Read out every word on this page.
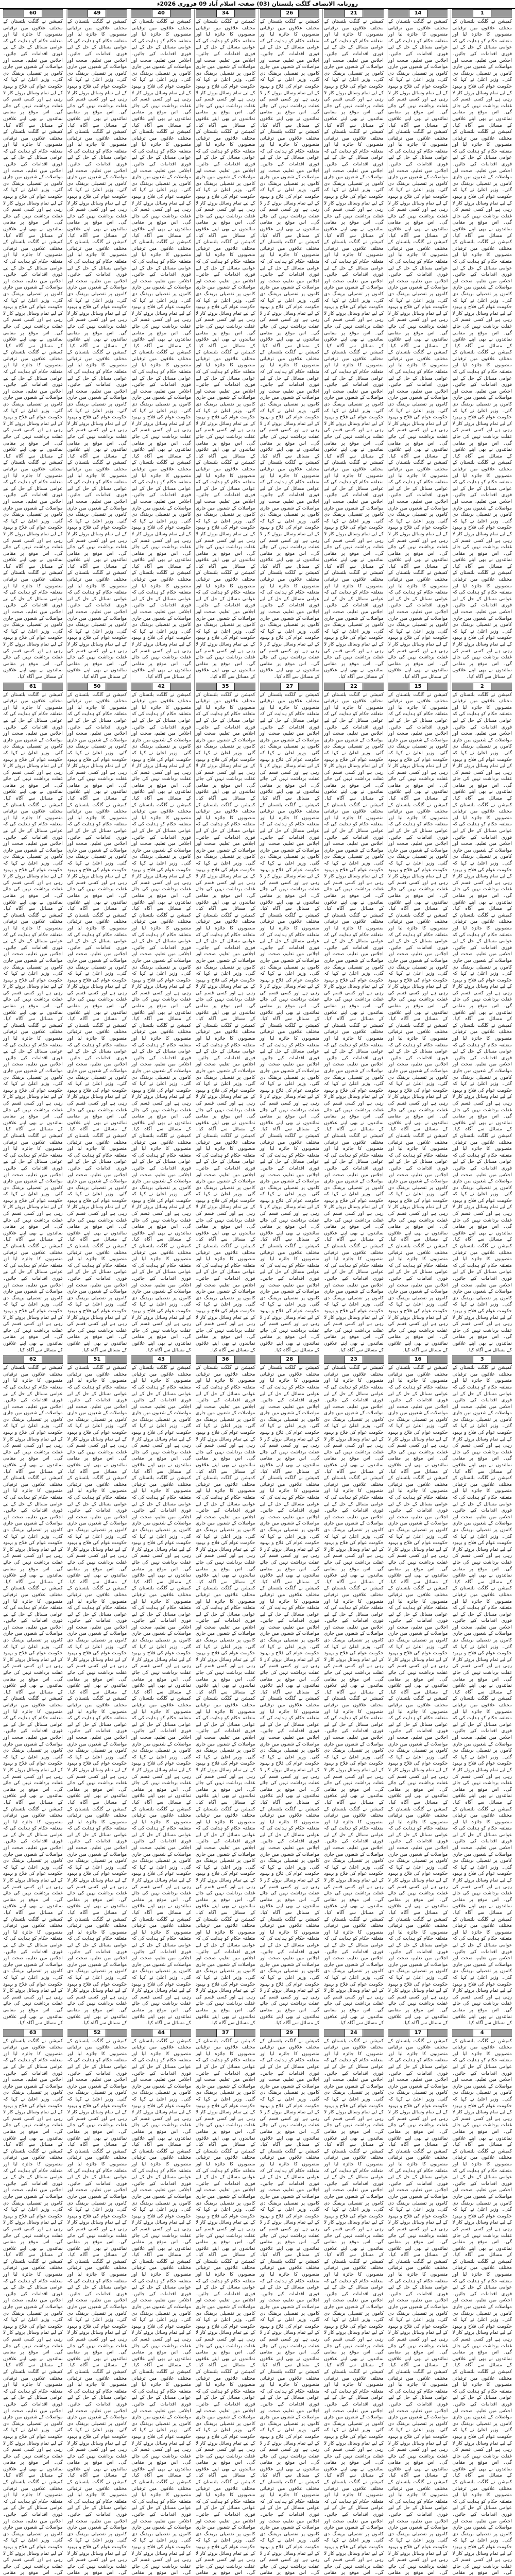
روزنامہ الانصاف گلگت بلتستان (03) صفحہ اسلام آباد 09 فروری 2026ء
1
کمیشن نے گلگت بلتستان کے مختلف علاقوں میں ترقیاتی منصوبوں کا جائزہ لیا اور متعلقہ حکام کو ہدایت کی کہ عوامی مسائل کے حل کے لیے فوری اقدامات کیے جائیں۔ اجلاس میں تعلیم، صحت اور مواصلات کے شعبوں میں جاری کاموں پر تفصیلی بریفنگ دی گئی۔ وزیر اعلیٰ نے کہا کہ حکومت عوام کی فلاح و بہبود کے لیے تمام وسائل بروئے کار لا رہی ہے اور کسی قسم کی غفلت برداشت نہیں کی جائے گی۔ اس موقع پر مقامی نمائندوں نے بھی اپنے علاقوں کے مسائل سے آگاہ کیا۔ کمیشن نے گلگت بلتستان کے مختلف علاقوں میں ترقیاتی منصوبوں کا جائزہ لیا اور متعلقہ حکام کو ہدایت کی کہ عوامی مسائل کے حل کے لیے فوری اقدامات کیے جائیں۔ اجلاس میں تعلیم، صحت اور مواصلات کے شعبوں میں جاری کاموں پر تفصیلی بریفنگ دی گئی۔ وزیر اعلیٰ نے کہا کہ حکومت عوام کی فلاح و بہبود کے لیے تمام وسائل بروئے کار لا رہی ہے اور کسی قسم کی غفلت برداشت نہیں کی جائے گی۔ اس موقع پر مقامی نمائندوں نے بھی اپنے علاقوں کے مسائل سے آگاہ کیا۔ کمیشن نے گلگت بلتستان کے مختلف علاقوں میں ترقیاتی منصوبوں کا جائزہ لیا اور متعلقہ حکام کو ہدایت کی کہ عوامی مسائل کے حل کے لیے فوری اقدامات کیے جائیں۔ اجلاس میں تعلیم، صحت اور مواصلات کے شعبوں میں جاری کاموں پر تفصیلی بریفنگ دی گئی۔ وزیر اعلیٰ نے کہا کہ حکومت عوام کی فلاح و بہبود کے لیے تمام وسائل بروئے کار لا رہی ہے اور کسی قسم کی غفلت برداشت نہیں کی جائے گی۔ اس موقع پر مقامی نمائندوں نے بھی اپنے علاقوں کے مسائل سے آگاہ کیا۔ کمیشن نے گلگت بلتستان کے مختلف علاقوں میں ترقیاتی منصوبوں کا جائزہ لیا اور متعلقہ حکام کو ہدایت کی کہ عوامی مسائل کے حل کے لیے فوری اقدامات کیے جائیں۔ اجلاس میں تعلیم، صحت اور مواصلات کے شعبوں میں جاری کاموں پر تفصیلی بریفنگ دی گئی۔ وزیر اعلیٰ نے کہا کہ حکومت عوام کی فلاح و بہبود کے لیے تمام وسائل بروئے کار لا رہی ہے اور کسی قسم کی غفلت برداشت نہیں کی جائے گی۔ اس موقع پر مقامی نمائندوں نے بھی اپنے علاقوں کے مسائل سے آگاہ کیا۔ کمیشن نے گلگت بلتستان کے مختلف علاقوں میں ترقیاتی منصوبوں کا جائزہ لیا اور متعلقہ حکام کو ہدایت کی کہ عوامی مسائل کے حل کے لیے فوری اقدامات کیے جائیں۔ اجلاس میں تعلیم، صحت اور مواصلات کے شعبوں میں جاری کاموں پر تفصیلی بریفنگ دی گئی۔ وزیر اعلیٰ نے کہا کہ حکومت عوام کی فلاح و بہبود کے لیے تمام وسائل بروئے کار لا رہی ہے اور کسی قسم کی غفلت برداشت نہیں کی جائے گی۔ اس موقع پر مقامی نمائندوں نے بھی اپنے علاقوں کے مسائل سے آگاہ کیا۔ کمیشن نے گلگت بلتستان کے مختلف علاقوں میں ترقیاتی منصوبوں کا جائزہ لیا اور متعلقہ حکام کو ہدایت کی کہ عوامی مسائل کے حل کے لیے فوری اقدامات کیے جائیں۔ اجلاس میں تعلیم، صحت اور مواصلات کے شعبوں میں جاری کاموں پر تفصیلی بریفنگ دی گئی۔ وزیر اعلیٰ نے کہا کہ حکومت عوام کی فلاح و بہبود کے لیے تمام وسائل بروئے کار لا رہی ہے اور کسی قسم کی غفلت برداشت نہیں کی جائے گی۔ اس موقع پر مقامی نمائندوں نے بھی اپنے علاقوں کے مسائل سے آگاہ کیا۔
2
کمیشن نے گلگت بلتستان کے مختلف علاقوں میں ترقیاتی منصوبوں کا جائزہ لیا اور متعلقہ حکام کو ہدایت کی کہ عوامی مسائل کے حل کے لیے فوری اقدامات کیے جائیں۔ اجلاس میں تعلیم، صحت اور مواصلات کے شعبوں میں جاری کاموں پر تفصیلی بریفنگ دی گئی۔ وزیر اعلیٰ نے کہا کہ حکومت عوام کی فلاح و بہبود کے لیے تمام وسائل بروئے کار لا رہی ہے اور کسی قسم کی غفلت برداشت نہیں کی جائے گی۔ اس موقع پر مقامی نمائندوں نے بھی اپنے علاقوں کے مسائل سے آگاہ کیا۔ کمیشن نے گلگت بلتستان کے مختلف علاقوں میں ترقیاتی منصوبوں کا جائزہ لیا اور متعلقہ حکام کو ہدایت کی کہ عوامی مسائل کے حل کے لیے فوری اقدامات کیے جائیں۔ اجلاس میں تعلیم، صحت اور مواصلات کے شعبوں میں جاری کاموں پر تفصیلی بریفنگ دی گئی۔ وزیر اعلیٰ نے کہا کہ حکومت عوام کی فلاح و بہبود کے لیے تمام وسائل بروئے کار لا رہی ہے اور کسی قسم کی غفلت برداشت نہیں کی جائے گی۔ اس موقع پر مقامی نمائندوں نے بھی اپنے علاقوں کے مسائل سے آگاہ کیا۔ کمیشن نے گلگت بلتستان کے مختلف علاقوں میں ترقیاتی منصوبوں کا جائزہ لیا اور متعلقہ حکام کو ہدایت کی کہ عوامی مسائل کے حل کے لیے فوری اقدامات کیے جائیں۔ اجلاس میں تعلیم، صحت اور مواصلات کے شعبوں میں جاری کاموں پر تفصیلی بریفنگ دی گئی۔ وزیر اعلیٰ نے کہا کہ حکومت عوام کی فلاح و بہبود کے لیے تمام وسائل بروئے کار لا رہی ہے اور کسی قسم کی غفلت برداشت نہیں کی جائے گی۔ اس موقع پر مقامی نمائندوں نے بھی اپنے علاقوں کے مسائل سے آگاہ کیا۔ کمیشن نے گلگت بلتستان کے مختلف علاقوں میں ترقیاتی منصوبوں کا جائزہ لیا اور متعلقہ حکام کو ہدایت کی کہ عوامی مسائل کے حل کے لیے فوری اقدامات کیے جائیں۔ اجلاس میں تعلیم، صحت اور مواصلات کے شعبوں میں جاری کاموں پر تفصیلی بریفنگ دی گئی۔ وزیر اعلیٰ نے کہا کہ حکومت عوام کی فلاح و بہبود کے لیے تمام وسائل بروئے کار لا رہی ہے اور کسی قسم کی غفلت برداشت نہیں کی جائے گی۔ اس موقع پر مقامی نمائندوں نے بھی اپنے علاقوں کے مسائل سے آگاہ کیا۔ کمیشن نے گلگت بلتستان کے مختلف علاقوں میں ترقیاتی منصوبوں کا جائزہ لیا اور متعلقہ حکام کو ہدایت کی کہ عوامی مسائل کے حل کے لیے فوری اقدامات کیے جائیں۔ اجلاس میں تعلیم، صحت اور مواصلات کے شعبوں میں جاری کاموں پر تفصیلی بریفنگ دی گئی۔ وزیر اعلیٰ نے کہا کہ حکومت عوام کی فلاح و بہبود کے لیے تمام وسائل بروئے کار لا رہی ہے اور کسی قسم کی غفلت برداشت نہیں کی جائے گی۔ اس موقع پر مقامی نمائندوں نے بھی اپنے علاقوں کے مسائل سے آگاہ کیا۔ کمیشن نے گلگت بلتستان کے مختلف علاقوں میں ترقیاتی منصوبوں کا جائزہ لیا اور متعلقہ حکام کو ہدایت کی کہ عوامی مسائل کے حل کے لیے فوری اقدامات کیے جائیں۔ اجلاس میں تعلیم، صحت اور مواصلات کے شعبوں میں جاری کاموں پر تفصیلی بریفنگ دی گئی۔ وزیر اعلیٰ نے کہا کہ حکومت عوام کی فلاح و بہبود کے لیے تمام وسائل بروئے کار لا رہی ہے اور کسی قسم کی غفلت برداشت نہیں کی جائے گی۔ اس موقع پر مقامی نمائندوں نے بھی اپنے علاقوں کے مسائل سے آگاہ کیا۔
3
کمیشن نے گلگت بلتستان کے مختلف علاقوں میں ترقیاتی منصوبوں کا جائزہ لیا اور متعلقہ حکام کو ہدایت کی کہ عوامی مسائل کے حل کے لیے فوری اقدامات کیے جائیں۔ اجلاس میں تعلیم، صحت اور مواصلات کے شعبوں میں جاری کاموں پر تفصیلی بریفنگ دی گئی۔ وزیر اعلیٰ نے کہا کہ حکومت عوام کی فلاح و بہبود کے لیے تمام وسائل بروئے کار لا رہی ہے اور کسی قسم کی غفلت برداشت نہیں کی جائے گی۔ اس موقع پر مقامی نمائندوں نے بھی اپنے علاقوں کے مسائل سے آگاہ کیا۔ کمیشن نے گلگت بلتستان کے مختلف علاقوں میں ترقیاتی منصوبوں کا جائزہ لیا اور متعلقہ حکام کو ہدایت کی کہ عوامی مسائل کے حل کے لیے فوری اقدامات کیے جائیں۔ اجلاس میں تعلیم، صحت اور مواصلات کے شعبوں میں جاری کاموں پر تفصیلی بریفنگ دی گئی۔ وزیر اعلیٰ نے کہا کہ حکومت عوام کی فلاح و بہبود کے لیے تمام وسائل بروئے کار لا رہی ہے اور کسی قسم کی غفلت برداشت نہیں کی جائے گی۔ اس موقع پر مقامی نمائندوں نے بھی اپنے علاقوں کے مسائل سے آگاہ کیا۔ کمیشن نے گلگت بلتستان کے مختلف علاقوں میں ترقیاتی منصوبوں کا جائزہ لیا اور متعلقہ حکام کو ہدایت کی کہ عوامی مسائل کے حل کے لیے فوری اقدامات کیے جائیں۔ اجلاس میں تعلیم، صحت اور مواصلات کے شعبوں میں جاری کاموں پر تفصیلی بریفنگ دی گئی۔ وزیر اعلیٰ نے کہا کہ حکومت عوام کی فلاح و بہبود کے لیے تمام وسائل بروئے کار لا رہی ہے اور کسی قسم کی غفلت برداشت نہیں کی جائے گی۔ اس موقع پر مقامی نمائندوں نے بھی اپنے علاقوں کے مسائل سے آگاہ کیا۔ کمیشن نے گلگت بلتستان کے مختلف علاقوں میں ترقیاتی منصوبوں کا جائزہ لیا اور متعلقہ حکام کو ہدایت کی کہ عوامی مسائل کے حل کے لیے فوری اقدامات کیے جائیں۔ اجلاس میں تعلیم، صحت اور مواصلات کے شعبوں میں جاری کاموں پر تفصیلی بریفنگ دی گئی۔ وزیر اعلیٰ نے کہا کہ حکومت عوام کی فلاح و بہبود کے لیے تمام وسائل بروئے کار لا رہی ہے اور کسی قسم کی غفلت برداشت نہیں کی جائے گی۔ اس موقع پر مقامی نمائندوں نے بھی اپنے علاقوں کے مسائل سے آگاہ کیا۔ کمیشن نے گلگت بلتستان کے مختلف علاقوں میں ترقیاتی منصوبوں کا جائزہ لیا اور متعلقہ حکام کو ہدایت کی کہ عوامی مسائل کے حل کے لیے فوری اقدامات کیے جائیں۔ اجلاس میں تعلیم، صحت اور مواصلات کے شعبوں میں جاری کاموں پر تفصیلی بریفنگ دی گئی۔ وزیر اعلیٰ نے کہا کہ حکومت عوام کی فلاح و بہبود کے لیے تمام وسائل بروئے کار لا رہی ہے اور کسی قسم کی غفلت برداشت نہیں کی جائے گی۔ اس موقع پر مقامی نمائندوں نے بھی اپنے علاقوں کے مسائل سے آگاہ کیا۔ کمیشن نے گلگت بلتستان کے مختلف علاقوں میں ترقیاتی منصوبوں کا جائزہ لیا اور متعلقہ حکام کو ہدایت کی کہ عوامی مسائل کے حل کے لیے فوری اقدامات کیے جائیں۔ اجلاس میں تعلیم، صحت اور مواصلات کے شعبوں میں جاری کاموں پر تفصیلی بریفنگ دی گئی۔ وزیر اعلیٰ نے کہا کہ حکومت عوام کی فلاح و بہبود کے لیے تمام وسائل بروئے کار لا رہی ہے اور کسی قسم کی غفلت برداشت نہیں کی جائے گی۔ اس موقع پر مقامی نمائندوں نے بھی اپنے علاقوں کے مسائل سے آگاہ کیا۔
4
کمیشن نے گلگت بلتستان کے مختلف علاقوں میں ترقیاتی منصوبوں کا جائزہ لیا اور متعلقہ حکام کو ہدایت کی کہ عوامی مسائل کے حل کے لیے فوری اقدامات کیے جائیں۔ اجلاس میں تعلیم، صحت اور مواصلات کے شعبوں میں جاری کاموں پر تفصیلی بریفنگ دی گئی۔ وزیر اعلیٰ نے کہا کہ حکومت عوام کی فلاح و بہبود کے لیے تمام وسائل بروئے کار لا رہی ہے اور کسی قسم کی غفلت برداشت نہیں کی جائے گی۔ اس موقع پر مقامی نمائندوں نے بھی اپنے علاقوں کے مسائل سے آگاہ کیا۔ کمیشن نے گلگت بلتستان کے مختلف علاقوں میں ترقیاتی منصوبوں کا جائزہ لیا اور متعلقہ حکام کو ہدایت کی کہ عوامی مسائل کے حل کے لیے فوری اقدامات کیے جائیں۔ اجلاس میں تعلیم، صحت اور مواصلات کے شعبوں میں جاری کاموں پر تفصیلی بریفنگ دی گئی۔ وزیر اعلیٰ نے کہا کہ حکومت عوام کی فلاح و بہبود کے لیے تمام وسائل بروئے کار لا رہی ہے اور کسی قسم کی غفلت برداشت نہیں کی جائے گی۔ اس موقع پر مقامی نمائندوں نے بھی اپنے علاقوں کے مسائل سے آگاہ کیا۔ کمیشن نے گلگت بلتستان کے مختلف علاقوں میں ترقیاتی منصوبوں کا جائزہ لیا اور متعلقہ حکام کو ہدایت کی کہ عوامی مسائل کے حل کے لیے فوری اقدامات کیے جائیں۔ اجلاس میں تعلیم، صحت اور مواصلات کے شعبوں میں جاری کاموں پر تفصیلی بریفنگ دی گئی۔ وزیر اعلیٰ نے کہا کہ حکومت عوام کی فلاح و بہبود کے لیے تمام وسائل بروئے کار لا رہی ہے اور کسی قسم کی غفلت برداشت نہیں کی جائے گی۔ اس موقع پر مقامی نمائندوں نے بھی اپنے علاقوں کے مسائل سے آگاہ کیا۔ کمیشن نے گلگت بلتستان کے مختلف علاقوں میں ترقیاتی منصوبوں کا جائزہ لیا اور متعلقہ حکام کو ہدایت کی کہ عوامی مسائل کے حل کے لیے فوری اقدامات کیے جائیں۔ اجلاس میں تعلیم، صحت اور مواصلات کے شعبوں میں جاری کاموں پر تفصیلی بریفنگ دی گئی۔ وزیر اعلیٰ نے کہا کہ حکومت عوام کی فلاح و بہبود کے لیے تمام وسائل بروئے کار لا رہی ہے اور کسی قسم کی غفلت برداشت نہیں کی جائے گی۔ اس موقع پر مقامی نمائندوں نے بھی اپنے علاقوں کے مسائل سے آگاہ کیا۔ کمیشن نے گلگت بلتستان کے مختلف علاقوں میں ترقیاتی منصوبوں کا جائزہ لیا اور متعلقہ حکام کو ہدایت کی کہ عوامی مسائل کے حل کے لیے فوری اقدامات کیے جائیں۔ اجلاس میں تعلیم، صحت اور مواصلات کے شعبوں میں جاری کاموں پر تفصیلی بریفنگ دی گئی۔ وزیر اعلیٰ نے کہا کہ حکومت عوام کی فلاح و بہبود کے لیے تمام وسائل بروئے کار لا رہی ہے اور کسی قسم کی غفلت برداشت نہیں کی جائے گی۔ اس موقع پر مقامی
14
کمیشن نے گلگت بلتستان کے مختلف علاقوں میں ترقیاتی منصوبوں کا جائزہ لیا اور متعلقہ حکام کو ہدایت کی کہ عوامی مسائل کے حل کے لیے فوری اقدامات کیے جائیں۔ اجلاس میں تعلیم، صحت اور مواصلات کے شعبوں میں جاری کاموں پر تفصیلی بریفنگ دی گئی۔ وزیر اعلیٰ نے کہا کہ حکومت عوام کی فلاح و بہبود کے لیے تمام وسائل بروئے کار لا رہی ہے اور کسی قسم کی غفلت برداشت نہیں کی جائے گی۔ اس موقع پر مقامی نمائندوں نے بھی اپنے علاقوں کے مسائل سے آگاہ کیا۔ کمیشن نے گلگت بلتستان کے مختلف علاقوں میں ترقیاتی منصوبوں کا جائزہ لیا اور متعلقہ حکام کو ہدایت کی کہ عوامی مسائل کے حل کے لیے فوری اقدامات کیے جائیں۔ اجلاس میں تعلیم، صحت اور مواصلات کے شعبوں میں جاری کاموں پر تفصیلی بریفنگ دی گئی۔ وزیر اعلیٰ نے کہا کہ حکومت عوام کی فلاح و بہبود کے لیے تمام وسائل بروئے کار لا رہی ہے اور کسی قسم کی غفلت برداشت نہیں کی جائے گی۔ اس موقع پر مقامی نمائندوں نے بھی اپنے علاقوں کے مسائل سے آگاہ کیا۔ کمیشن نے گلگت بلتستان کے مختلف علاقوں میں ترقیاتی منصوبوں کا جائزہ لیا اور متعلقہ حکام کو ہدایت کی کہ عوامی مسائل کے حل کے لیے فوری اقدامات کیے جائیں۔ اجلاس میں تعلیم، صحت اور مواصلات کے شعبوں میں جاری کاموں پر تفصیلی بریفنگ دی گئی۔ وزیر اعلیٰ نے کہا کہ حکومت عوام کی فلاح و بہبود کے لیے تمام وسائل بروئے کار لا رہی ہے اور کسی قسم کی غفلت برداشت نہیں کی جائے گی۔ اس موقع پر مقامی نمائندوں نے بھی اپنے علاقوں کے مسائل سے آگاہ کیا۔ کمیشن نے گلگت بلتستان کے مختلف علاقوں میں ترقیاتی منصوبوں کا جائزہ لیا اور متعلقہ حکام کو ہدایت کی کہ عوامی مسائل کے حل کے لیے فوری اقدامات کیے جائیں۔ اجلاس میں تعلیم، صحت اور مواصلات کے شعبوں میں جاری کاموں پر تفصیلی بریفنگ دی گئی۔ وزیر اعلیٰ نے کہا کہ حکومت عوام کی فلاح و بہبود کے لیے تمام وسائل بروئے کار لا رہی ہے اور کسی قسم کی غفلت برداشت نہیں کی جائے گی۔ اس موقع پر مقامی نمائندوں نے بھی اپنے علاقوں کے مسائل سے آگاہ کیا۔ کمیشن نے گلگت بلتستان کے مختلف علاقوں میں ترقیاتی منصوبوں کا جائزہ لیا اور متعلقہ حکام کو ہدایت کی کہ عوامی مسائل کے حل کے لیے فوری اقدامات کیے جائیں۔ اجلاس میں تعلیم، صحت اور مواصلات کے شعبوں میں جاری کاموں پر تفصیلی بریفنگ دی گئی۔ وزیر اعلیٰ نے کہا کہ حکومت عوام کی فلاح و بہبود کے لیے تمام وسائل بروئے کار لا رہی ہے اور کسی قسم کی غفلت برداشت نہیں کی جائے گی۔ اس موقع پر مقامی نمائندوں نے بھی اپنے علاقوں کے مسائل سے آگاہ کیا۔ کمیشن نے گلگت بلتستان کے مختلف علاقوں میں ترقیاتی منصوبوں کا جائزہ لیا اور متعلقہ حکام کو ہدایت کی کہ عوامی مسائل کے حل کے لیے فوری اقدامات کیے جائیں۔ اجلاس میں تعلیم، صحت اور مواصلات کے شعبوں میں جاری کاموں پر تفصیلی بریفنگ دی گئی۔ وزیر اعلیٰ نے کہا کہ حکومت عوام کی فلاح و بہبود کے لیے تمام وسائل بروئے کار لا رہی ہے اور کسی قسم کی غفلت برداشت نہیں کی جائے گی۔ اس موقع پر مقامی نمائندوں نے بھی اپنے علاقوں کے مسائل سے آگاہ کیا۔
15
کمیشن نے گلگت بلتستان کے مختلف علاقوں میں ترقیاتی منصوبوں کا جائزہ لیا اور متعلقہ حکام کو ہدایت کی کہ عوامی مسائل کے حل کے لیے فوری اقدامات کیے جائیں۔ اجلاس میں تعلیم، صحت اور مواصلات کے شعبوں میں جاری کاموں پر تفصیلی بریفنگ دی گئی۔ وزیر اعلیٰ نے کہا کہ حکومت عوام کی فلاح و بہبود کے لیے تمام وسائل بروئے کار لا رہی ہے اور کسی قسم کی غفلت برداشت نہیں کی جائے گی۔ اس موقع پر مقامی نمائندوں نے بھی اپنے علاقوں کے مسائل سے آگاہ کیا۔ کمیشن نے گلگت بلتستان کے مختلف علاقوں میں ترقیاتی منصوبوں کا جائزہ لیا اور متعلقہ حکام کو ہدایت کی کہ عوامی مسائل کے حل کے لیے فوری اقدامات کیے جائیں۔ اجلاس میں تعلیم، صحت اور مواصلات کے شعبوں میں جاری کاموں پر تفصیلی بریفنگ دی گئی۔ وزیر اعلیٰ نے کہا کہ حکومت عوام کی فلاح و بہبود کے لیے تمام وسائل بروئے کار لا رہی ہے اور کسی قسم کی غفلت برداشت نہیں کی جائے گی۔ اس موقع پر مقامی نمائندوں نے بھی اپنے علاقوں کے مسائل سے آگاہ کیا۔ کمیشن نے گلگت بلتستان کے مختلف علاقوں میں ترقیاتی منصوبوں کا جائزہ لیا اور متعلقہ حکام کو ہدایت کی کہ عوامی مسائل کے حل کے لیے فوری اقدامات کیے جائیں۔ اجلاس میں تعلیم، صحت اور مواصلات کے شعبوں میں جاری کاموں پر تفصیلی بریفنگ دی گئی۔ وزیر اعلیٰ نے کہا کہ حکومت عوام کی فلاح و بہبود کے لیے تمام وسائل بروئے کار لا رہی ہے اور کسی قسم کی غفلت برداشت نہیں کی جائے گی۔ اس موقع پر مقامی نمائندوں نے بھی اپنے علاقوں کے مسائل سے آگاہ کیا۔ کمیشن نے گلگت بلتستان کے مختلف علاقوں میں ترقیاتی منصوبوں کا جائزہ لیا اور متعلقہ حکام کو ہدایت کی کہ عوامی مسائل کے حل کے لیے فوری اقدامات کیے جائیں۔ اجلاس میں تعلیم، صحت اور مواصلات کے شعبوں میں جاری کاموں پر تفصیلی بریفنگ دی گئی۔ وزیر اعلیٰ نے کہا کہ حکومت عوام کی فلاح و بہبود کے لیے تمام وسائل بروئے کار لا رہی ہے اور کسی قسم کی غفلت برداشت نہیں کی جائے گی۔ اس موقع پر مقامی نمائندوں نے بھی اپنے علاقوں کے مسائل سے آگاہ کیا۔ کمیشن نے گلگت بلتستان کے مختلف علاقوں میں ترقیاتی منصوبوں کا جائزہ لیا اور متعلقہ حکام کو ہدایت کی کہ عوامی مسائل کے حل کے لیے فوری اقدامات کیے جائیں۔ اجلاس میں تعلیم، صحت اور مواصلات کے شعبوں میں جاری کاموں پر تفصیلی بریفنگ دی گئی۔ وزیر اعلیٰ نے کہا کہ حکومت عوام کی فلاح و بہبود کے لیے تمام وسائل بروئے کار لا رہی ہے اور کسی قسم کی غفلت برداشت نہیں کی جائے گی۔ اس موقع پر مقامی نمائندوں نے بھی اپنے علاقوں کے مسائل سے آگاہ کیا۔ کمیشن نے گلگت بلتستان کے مختلف علاقوں میں ترقیاتی منصوبوں کا جائزہ لیا اور متعلقہ حکام کو ہدایت کی کہ عوامی مسائل کے حل کے لیے فوری اقدامات کیے جائیں۔ اجلاس میں تعلیم، صحت اور مواصلات کے شعبوں میں جاری کاموں پر تفصیلی بریفنگ دی گئی۔ وزیر اعلیٰ نے کہا کہ حکومت عوام کی فلاح و بہبود کے لیے تمام وسائل بروئے کار لا رہی ہے اور کسی قسم کی غفلت برداشت نہیں کی جائے گی۔ اس موقع پر مقامی نمائندوں نے بھی اپنے علاقوں کے مسائل سے آگاہ کیا۔
16
کمیشن نے گلگت بلتستان کے مختلف علاقوں میں ترقیاتی منصوبوں کا جائزہ لیا اور متعلقہ حکام کو ہدایت کی کہ عوامی مسائل کے حل کے لیے فوری اقدامات کیے جائیں۔ اجلاس میں تعلیم، صحت اور مواصلات کے شعبوں میں جاری کاموں پر تفصیلی بریفنگ دی گئی۔ وزیر اعلیٰ نے کہا کہ حکومت عوام کی فلاح و بہبود کے لیے تمام وسائل بروئے کار لا رہی ہے اور کسی قسم کی غفلت برداشت نہیں کی جائے گی۔ اس موقع پر مقامی نمائندوں نے بھی اپنے علاقوں کے مسائل سے آگاہ کیا۔ کمیشن نے گلگت بلتستان کے مختلف علاقوں میں ترقیاتی منصوبوں کا جائزہ لیا اور متعلقہ حکام کو ہدایت کی کہ عوامی مسائل کے حل کے لیے فوری اقدامات کیے جائیں۔ اجلاس میں تعلیم، صحت اور مواصلات کے شعبوں میں جاری کاموں پر تفصیلی بریفنگ دی گئی۔ وزیر اعلیٰ نے کہا کہ حکومت عوام کی فلاح و بہبود کے لیے تمام وسائل بروئے کار لا رہی ہے اور کسی قسم کی غفلت برداشت نہیں کی جائے گی۔ اس موقع پر مقامی نمائندوں نے بھی اپنے علاقوں کے مسائل سے آگاہ کیا۔ کمیشن نے گلگت بلتستان کے مختلف علاقوں میں ترقیاتی منصوبوں کا جائزہ لیا اور متعلقہ حکام کو ہدایت کی کہ عوامی مسائل کے حل کے لیے فوری اقدامات کیے جائیں۔ اجلاس میں تعلیم، صحت اور مواصلات کے شعبوں میں جاری کاموں پر تفصیلی بریفنگ دی گئی۔ وزیر اعلیٰ نے کہا کہ حکومت عوام کی فلاح و بہبود کے لیے تمام وسائل بروئے کار لا رہی ہے اور کسی قسم کی غفلت برداشت نہیں کی جائے گی۔ اس موقع پر مقامی نمائندوں نے بھی اپنے علاقوں کے مسائل سے آگاہ کیا۔ کمیشن نے گلگت بلتستان کے مختلف علاقوں میں ترقیاتی منصوبوں کا جائزہ لیا اور متعلقہ حکام کو ہدایت کی کہ عوامی مسائل کے حل کے لیے فوری اقدامات کیے جائیں۔ اجلاس میں تعلیم، صحت اور مواصلات کے شعبوں میں جاری کاموں پر تفصیلی بریفنگ دی گئی۔ وزیر اعلیٰ نے کہا کہ حکومت عوام کی فلاح و بہبود کے لیے تمام وسائل بروئے کار لا رہی ہے اور کسی قسم کی غفلت برداشت نہیں کی جائے گی۔ اس موقع پر مقامی نمائندوں نے بھی اپنے علاقوں کے مسائل سے آگاہ کیا۔ کمیشن نے گلگت بلتستان کے مختلف علاقوں میں ترقیاتی منصوبوں کا جائزہ لیا اور متعلقہ حکام کو ہدایت کی کہ عوامی مسائل کے حل کے لیے فوری اقدامات کیے جائیں۔ اجلاس میں تعلیم، صحت اور مواصلات کے شعبوں میں جاری کاموں پر تفصیلی بریفنگ دی گئی۔ وزیر اعلیٰ نے کہا کہ حکومت عوام کی فلاح و بہبود کے لیے تمام وسائل بروئے کار لا رہی ہے اور کسی قسم کی غفلت برداشت نہیں کی جائے گی۔ اس موقع پر مقامی نمائندوں نے بھی اپنے علاقوں کے مسائل سے آگاہ کیا۔ کمیشن نے گلگت بلتستان کے مختلف علاقوں میں ترقیاتی منصوبوں کا جائزہ لیا اور متعلقہ حکام کو ہدایت کی کہ عوامی مسائل کے حل کے لیے فوری اقدامات کیے جائیں۔ اجلاس میں تعلیم، صحت اور مواصلات کے شعبوں میں جاری کاموں پر تفصیلی بریفنگ دی گئی۔ وزیر اعلیٰ نے کہا کہ حکومت عوام کی فلاح و بہبود کے لیے تمام وسائل بروئے کار لا رہی ہے اور کسی قسم کی غفلت برداشت نہیں کی جائے گی۔ اس موقع پر مقامی نمائندوں نے بھی اپنے علاقوں کے مسائل سے آگاہ کیا۔
17
کمیشن نے گلگت بلتستان کے مختلف علاقوں میں ترقیاتی منصوبوں کا جائزہ لیا اور متعلقہ حکام کو ہدایت کی کہ عوامی مسائل کے حل کے لیے فوری اقدامات کیے جائیں۔ اجلاس میں تعلیم، صحت اور مواصلات کے شعبوں میں جاری کاموں پر تفصیلی بریفنگ دی گئی۔ وزیر اعلیٰ نے کہا کہ حکومت عوام کی فلاح و بہبود کے لیے تمام وسائل بروئے کار لا رہی ہے اور کسی قسم کی غفلت برداشت نہیں کی جائے گی۔ اس موقع پر مقامی نمائندوں نے بھی اپنے علاقوں کے مسائل سے آگاہ کیا۔ کمیشن نے گلگت بلتستان کے مختلف علاقوں میں ترقیاتی منصوبوں کا جائزہ لیا اور متعلقہ حکام کو ہدایت کی کہ عوامی مسائل کے حل کے لیے فوری اقدامات کیے جائیں۔ اجلاس میں تعلیم، صحت اور مواصلات کے شعبوں میں جاری کاموں پر تفصیلی بریفنگ دی گئی۔ وزیر اعلیٰ نے کہا کہ حکومت عوام کی فلاح و بہبود کے لیے تمام وسائل بروئے کار لا رہی ہے اور کسی قسم کی غفلت برداشت نہیں کی جائے گی۔ اس موقع پر مقامی نمائندوں نے بھی اپنے علاقوں کے مسائل سے آگاہ کیا۔ کمیشن نے گلگت بلتستان کے مختلف علاقوں میں ترقیاتی منصوبوں کا جائزہ لیا اور متعلقہ حکام کو ہدایت کی کہ عوامی مسائل کے حل کے لیے فوری اقدامات کیے جائیں۔ اجلاس میں تعلیم، صحت اور مواصلات کے شعبوں میں جاری کاموں پر تفصیلی بریفنگ دی گئی۔ وزیر اعلیٰ نے کہا کہ حکومت عوام کی فلاح و بہبود کے لیے تمام وسائل بروئے کار لا رہی ہے اور کسی قسم کی غفلت برداشت نہیں کی جائے گی۔ اس موقع پر مقامی نمائندوں نے بھی اپنے علاقوں کے مسائل سے آگاہ کیا۔ کمیشن نے گلگت بلتستان کے مختلف علاقوں میں ترقیاتی منصوبوں کا جائزہ لیا اور متعلقہ حکام کو ہدایت کی کہ عوامی مسائل کے حل کے لیے فوری اقدامات کیے جائیں۔ اجلاس میں تعلیم، صحت اور مواصلات کے شعبوں میں جاری کاموں پر تفصیلی بریفنگ دی گئی۔ وزیر اعلیٰ نے کہا کہ حکومت عوام کی فلاح و بہبود کے لیے تمام وسائل بروئے کار لا رہی ہے اور کسی قسم کی غفلت برداشت نہیں کی جائے گی۔ اس موقع پر مقامی نمائندوں نے بھی اپنے علاقوں کے مسائل سے آگاہ کیا۔ کمیشن نے گلگت بلتستان کے مختلف علاقوں میں ترقیاتی منصوبوں کا جائزہ لیا اور متعلقہ حکام کو ہدایت کی کہ عوامی مسائل کے حل کے لیے فوری اقدامات کیے جائیں۔ اجلاس میں تعلیم، صحت اور مواصلات کے شعبوں میں جاری کاموں پر تفصیلی بریفنگ دی گئی۔ وزیر اعلیٰ نے کہا کہ حکومت عوام کی فلاح و بہبود کے لیے تمام وسائل بروئے کار لا رہی ہے اور کسی قسم کی غفلت برداشت نہیں کی جائے گی۔ اس موقع پر مقامی
21
کمیشن نے گلگت بلتستان کے مختلف علاقوں میں ترقیاتی منصوبوں کا جائزہ لیا اور متعلقہ حکام کو ہدایت کی کہ عوامی مسائل کے حل کے لیے فوری اقدامات کیے جائیں۔ اجلاس میں تعلیم، صحت اور مواصلات کے شعبوں میں جاری کاموں پر تفصیلی بریفنگ دی گئی۔ وزیر اعلیٰ نے کہا کہ حکومت عوام کی فلاح و بہبود کے لیے تمام وسائل بروئے کار لا رہی ہے اور کسی قسم کی غفلت برداشت نہیں کی جائے گی۔ اس موقع پر مقامی نمائندوں نے بھی اپنے علاقوں کے مسائل سے آگاہ کیا۔ کمیشن نے گلگت بلتستان کے مختلف علاقوں میں ترقیاتی منصوبوں کا جائزہ لیا اور متعلقہ حکام کو ہدایت کی کہ عوامی مسائل کے حل کے لیے فوری اقدامات کیے جائیں۔ اجلاس میں تعلیم، صحت اور مواصلات کے شعبوں میں جاری کاموں پر تفصیلی بریفنگ دی گئی۔ وزیر اعلیٰ نے کہا کہ حکومت عوام کی فلاح و بہبود کے لیے تمام وسائل بروئے کار لا رہی ہے اور کسی قسم کی غفلت برداشت نہیں کی جائے گی۔ اس موقع پر مقامی نمائندوں نے بھی اپنے علاقوں کے مسائل سے آگاہ کیا۔ کمیشن نے گلگت بلتستان کے مختلف علاقوں میں ترقیاتی منصوبوں کا جائزہ لیا اور متعلقہ حکام کو ہدایت کی کہ عوامی مسائل کے حل کے لیے فوری اقدامات کیے جائیں۔ اجلاس میں تعلیم، صحت اور مواصلات کے شعبوں میں جاری کاموں پر تفصیلی بریفنگ دی گئی۔ وزیر اعلیٰ نے کہا کہ حکومت عوام کی فلاح و بہبود کے لیے تمام وسائل بروئے کار لا رہی ہے اور کسی قسم کی غفلت برداشت نہیں کی جائے گی۔ اس موقع پر مقامی نمائندوں نے بھی اپنے علاقوں کے مسائل سے آگاہ کیا۔ کمیشن نے گلگت بلتستان کے مختلف علاقوں میں ترقیاتی منصوبوں کا جائزہ لیا اور متعلقہ حکام کو ہدایت کی کہ عوامی مسائل کے حل کے لیے فوری اقدامات کیے جائیں۔ اجلاس میں تعلیم، صحت اور مواصلات کے شعبوں میں جاری کاموں پر تفصیلی بریفنگ دی گئی۔ وزیر اعلیٰ نے کہا کہ حکومت عوام کی فلاح و بہبود کے لیے تمام وسائل بروئے کار لا رہی ہے اور کسی قسم کی غفلت برداشت نہیں کی جائے گی۔ اس موقع پر مقامی نمائندوں نے بھی اپنے علاقوں کے مسائل سے آگاہ کیا۔ کمیشن نے گلگت بلتستان کے مختلف علاقوں میں ترقیاتی منصوبوں کا جائزہ لیا اور متعلقہ حکام کو ہدایت کی کہ عوامی مسائل کے حل کے لیے فوری اقدامات کیے جائیں۔ اجلاس میں تعلیم، صحت اور مواصلات کے شعبوں میں جاری کاموں پر تفصیلی بریفنگ دی گئی۔ وزیر اعلیٰ نے کہا کہ حکومت عوام کی فلاح و بہبود کے لیے تمام وسائل بروئے کار لا رہی ہے اور کسی قسم کی غفلت برداشت نہیں کی جائے گی۔ اس موقع پر مقامی نمائندوں نے بھی اپنے علاقوں کے مسائل سے آگاہ کیا۔ کمیشن نے گلگت بلتستان کے مختلف علاقوں میں ترقیاتی منصوبوں کا جائزہ لیا اور متعلقہ حکام کو ہدایت کی کہ عوامی مسائل کے حل کے لیے فوری اقدامات کیے جائیں۔ اجلاس میں تعلیم، صحت اور مواصلات کے شعبوں میں جاری کاموں پر تفصیلی بریفنگ دی گئی۔ وزیر اعلیٰ نے کہا کہ حکومت عوام کی فلاح و بہبود کے لیے تمام وسائل بروئے کار لا رہی ہے اور کسی قسم کی غفلت برداشت نہیں کی جائے گی۔ اس موقع پر مقامی نمائندوں نے بھی اپنے علاقوں کے مسائل سے آگاہ کیا۔
22
کمیشن نے گلگت بلتستان کے مختلف علاقوں میں ترقیاتی منصوبوں کا جائزہ لیا اور متعلقہ حکام کو ہدایت کی کہ عوامی مسائل کے حل کے لیے فوری اقدامات کیے جائیں۔ اجلاس میں تعلیم، صحت اور مواصلات کے شعبوں میں جاری کاموں پر تفصیلی بریفنگ دی گئی۔ وزیر اعلیٰ نے کہا کہ حکومت عوام کی فلاح و بہبود کے لیے تمام وسائل بروئے کار لا رہی ہے اور کسی قسم کی غفلت برداشت نہیں کی جائے گی۔ اس موقع پر مقامی نمائندوں نے بھی اپنے علاقوں کے مسائل سے آگاہ کیا۔ کمیشن نے گلگت بلتستان کے مختلف علاقوں میں ترقیاتی منصوبوں کا جائزہ لیا اور متعلقہ حکام کو ہدایت کی کہ عوامی مسائل کے حل کے لیے فوری اقدامات کیے جائیں۔ اجلاس میں تعلیم، صحت اور مواصلات کے شعبوں میں جاری کاموں پر تفصیلی بریفنگ دی گئی۔ وزیر اعلیٰ نے کہا کہ حکومت عوام کی فلاح و بہبود کے لیے تمام وسائل بروئے کار لا رہی ہے اور کسی قسم کی غفلت برداشت نہیں کی جائے گی۔ اس موقع پر مقامی نمائندوں نے بھی اپنے علاقوں کے مسائل سے آگاہ کیا۔ کمیشن نے گلگت بلتستان کے مختلف علاقوں میں ترقیاتی منصوبوں کا جائزہ لیا اور متعلقہ حکام کو ہدایت کی کہ عوامی مسائل کے حل کے لیے فوری اقدامات کیے جائیں۔ اجلاس میں تعلیم، صحت اور مواصلات کے شعبوں میں جاری کاموں پر تفصیلی بریفنگ دی گئی۔ وزیر اعلیٰ نے کہا کہ حکومت عوام کی فلاح و بہبود کے لیے تمام وسائل بروئے کار لا رہی ہے اور کسی قسم کی غفلت برداشت نہیں کی جائے گی۔ اس موقع پر مقامی نمائندوں نے بھی اپنے علاقوں کے مسائل سے آگاہ کیا۔ کمیشن نے گلگت بلتستان کے مختلف علاقوں میں ترقیاتی منصوبوں کا جائزہ لیا اور متعلقہ حکام کو ہدایت کی کہ عوامی مسائل کے حل کے لیے فوری اقدامات کیے جائیں۔ اجلاس میں تعلیم، صحت اور مواصلات کے شعبوں میں جاری کاموں پر تفصیلی بریفنگ دی گئی۔ وزیر اعلیٰ نے کہا کہ حکومت عوام کی فلاح و بہبود کے لیے تمام وسائل بروئے کار لا رہی ہے اور کسی قسم کی غفلت برداشت نہیں کی جائے گی۔ اس موقع پر مقامی نمائندوں نے بھی اپنے علاقوں کے مسائل سے آگاہ کیا۔ کمیشن نے گلگت بلتستان کے مختلف علاقوں میں ترقیاتی منصوبوں کا جائزہ لیا اور متعلقہ حکام کو ہدایت کی کہ عوامی مسائل کے حل کے لیے فوری اقدامات کیے جائیں۔ اجلاس میں تعلیم، صحت اور مواصلات کے شعبوں میں جاری کاموں پر تفصیلی بریفنگ دی گئی۔ وزیر اعلیٰ نے کہا کہ حکومت عوام کی فلاح و بہبود کے لیے تمام وسائل بروئے کار لا رہی ہے اور کسی قسم کی غفلت برداشت نہیں کی جائے گی۔ اس موقع پر مقامی نمائندوں نے بھی اپنے علاقوں کے مسائل سے آگاہ کیا۔ کمیشن نے گلگت بلتستان کے مختلف علاقوں میں ترقیاتی منصوبوں کا جائزہ لیا اور متعلقہ حکام کو ہدایت کی کہ عوامی مسائل کے حل کے لیے فوری اقدامات کیے جائیں۔ اجلاس میں تعلیم، صحت اور مواصلات کے شعبوں میں جاری کاموں پر تفصیلی بریفنگ دی گئی۔ وزیر اعلیٰ نے کہا کہ حکومت عوام کی فلاح و بہبود کے لیے تمام وسائل بروئے کار لا رہی ہے اور کسی قسم کی غفلت برداشت نہیں کی جائے گی۔ اس موقع پر مقامی نمائندوں نے بھی اپنے علاقوں کے مسائل سے آگاہ کیا۔
23
کمیشن نے گلگت بلتستان کے مختلف علاقوں میں ترقیاتی منصوبوں کا جائزہ لیا اور متعلقہ حکام کو ہدایت کی کہ عوامی مسائل کے حل کے لیے فوری اقدامات کیے جائیں۔ اجلاس میں تعلیم، صحت اور مواصلات کے شعبوں میں جاری کاموں پر تفصیلی بریفنگ دی گئی۔ وزیر اعلیٰ نے کہا کہ حکومت عوام کی فلاح و بہبود کے لیے تمام وسائل بروئے کار لا رہی ہے اور کسی قسم کی غفلت برداشت نہیں کی جائے گی۔ اس موقع پر مقامی نمائندوں نے بھی اپنے علاقوں کے مسائل سے آگاہ کیا۔ کمیشن نے گلگت بلتستان کے مختلف علاقوں میں ترقیاتی منصوبوں کا جائزہ لیا اور متعلقہ حکام کو ہدایت کی کہ عوامی مسائل کے حل کے لیے فوری اقدامات کیے جائیں۔ اجلاس میں تعلیم، صحت اور مواصلات کے شعبوں میں جاری کاموں پر تفصیلی بریفنگ دی گئی۔ وزیر اعلیٰ نے کہا کہ حکومت عوام کی فلاح و بہبود کے لیے تمام وسائل بروئے کار لا رہی ہے اور کسی قسم کی غفلت برداشت نہیں کی جائے گی۔ اس موقع پر مقامی نمائندوں نے بھی اپنے علاقوں کے مسائل سے آگاہ کیا۔ کمیشن نے گلگت بلتستان کے مختلف علاقوں میں ترقیاتی منصوبوں کا جائزہ لیا اور متعلقہ حکام کو ہدایت کی کہ عوامی مسائل کے حل کے لیے فوری اقدامات کیے جائیں۔ اجلاس میں تعلیم، صحت اور مواصلات کے شعبوں میں جاری کاموں پر تفصیلی بریفنگ دی گئی۔ وزیر اعلیٰ نے کہا کہ حکومت عوام کی فلاح و بہبود کے لیے تمام وسائل بروئے کار لا رہی ہے اور کسی قسم کی غفلت برداشت نہیں کی جائے گی۔ اس موقع پر مقامی نمائندوں نے بھی اپنے علاقوں کے مسائل سے آگاہ کیا۔ کمیشن نے گلگت بلتستان کے مختلف علاقوں میں ترقیاتی منصوبوں کا جائزہ لیا اور متعلقہ حکام کو ہدایت کی کہ عوامی مسائل کے حل کے لیے فوری اقدامات کیے جائیں۔ اجلاس میں تعلیم، صحت اور مواصلات کے شعبوں میں جاری کاموں پر تفصیلی بریفنگ دی گئی۔ وزیر اعلیٰ نے کہا کہ حکومت عوام کی فلاح و بہبود کے لیے تمام وسائل بروئے کار لا رہی ہے اور کسی قسم کی غفلت برداشت نہیں کی جائے گی۔ اس موقع پر مقامی نمائندوں نے بھی اپنے علاقوں کے مسائل سے آگاہ کیا۔ کمیشن نے گلگت بلتستان کے مختلف علاقوں میں ترقیاتی منصوبوں کا جائزہ لیا اور متعلقہ حکام کو ہدایت کی کہ عوامی مسائل کے حل کے لیے فوری اقدامات کیے جائیں۔ اجلاس میں تعلیم، صحت اور مواصلات کے شعبوں میں جاری کاموں پر تفصیلی بریفنگ دی گئی۔ وزیر اعلیٰ نے کہا کہ حکومت عوام کی فلاح و بہبود کے لیے تمام وسائل بروئے کار لا رہی ہے اور کسی قسم کی غفلت برداشت نہیں کی جائے گی۔ اس موقع پر مقامی نمائندوں نے بھی اپنے علاقوں کے مسائل سے آگاہ کیا۔ کمیشن نے گلگت بلتستان کے مختلف علاقوں میں ترقیاتی منصوبوں کا جائزہ لیا اور متعلقہ حکام کو ہدایت کی کہ عوامی مسائل کے حل کے لیے فوری اقدامات کیے جائیں۔ اجلاس میں تعلیم، صحت اور مواصلات کے شعبوں میں جاری کاموں پر تفصیلی بریفنگ دی گئی۔ وزیر اعلیٰ نے کہا کہ حکومت عوام کی فلاح و بہبود کے لیے تمام وسائل بروئے کار لا رہی ہے اور کسی قسم کی غفلت برداشت نہیں کی جائے گی۔ اس موقع پر مقامی نمائندوں نے بھی اپنے علاقوں کے مسائل سے آگاہ کیا۔
24
کمیشن نے گلگت بلتستان کے مختلف علاقوں میں ترقیاتی منصوبوں کا جائزہ لیا اور متعلقہ حکام کو ہدایت کی کہ عوامی مسائل کے حل کے لیے فوری اقدامات کیے جائیں۔ اجلاس میں تعلیم، صحت اور مواصلات کے شعبوں میں جاری کاموں پر تفصیلی بریفنگ دی گئی۔ وزیر اعلیٰ نے کہا کہ حکومت عوام کی فلاح و بہبود کے لیے تمام وسائل بروئے کار لا رہی ہے اور کسی قسم کی غفلت برداشت نہیں کی جائے گی۔ اس موقع پر مقامی نمائندوں نے بھی اپنے علاقوں کے مسائل سے آگاہ کیا۔ کمیشن نے گلگت بلتستان کے مختلف علاقوں میں ترقیاتی منصوبوں کا جائزہ لیا اور متعلقہ حکام کو ہدایت کی کہ عوامی مسائل کے حل کے لیے فوری اقدامات کیے جائیں۔ اجلاس میں تعلیم، صحت اور مواصلات کے شعبوں میں جاری کاموں پر تفصیلی بریفنگ دی گئی۔ وزیر اعلیٰ نے کہا کہ حکومت عوام کی فلاح و بہبود کے لیے تمام وسائل بروئے کار لا رہی ہے اور کسی قسم کی غفلت برداشت نہیں کی جائے گی۔ اس موقع پر مقامی نمائندوں نے بھی اپنے علاقوں کے مسائل سے آگاہ کیا۔ کمیشن نے گلگت بلتستان کے مختلف علاقوں میں ترقیاتی منصوبوں کا جائزہ لیا اور متعلقہ حکام کو ہدایت کی کہ عوامی مسائل کے حل کے لیے فوری اقدامات کیے جائیں۔ اجلاس میں تعلیم، صحت اور مواصلات کے شعبوں میں جاری کاموں پر تفصیلی بریفنگ دی گئی۔ وزیر اعلیٰ نے کہا کہ حکومت عوام کی فلاح و بہبود کے لیے تمام وسائل بروئے کار لا رہی ہے اور کسی قسم کی غفلت برداشت نہیں کی جائے گی۔ اس موقع پر مقامی نمائندوں نے بھی اپنے علاقوں کے مسائل سے آگاہ کیا۔ کمیشن نے گلگت بلتستان کے مختلف علاقوں میں ترقیاتی منصوبوں کا جائزہ لیا اور متعلقہ حکام کو ہدایت کی کہ عوامی مسائل کے حل کے لیے فوری اقدامات کیے جائیں۔ اجلاس میں تعلیم، صحت اور مواصلات کے شعبوں میں جاری کاموں پر تفصیلی بریفنگ دی گئی۔ وزیر اعلیٰ نے کہا کہ حکومت عوام کی فلاح و بہبود کے لیے تمام وسائل بروئے کار لا رہی ہے اور کسی قسم کی غفلت برداشت نہیں کی جائے گی۔ اس موقع پر مقامی نمائندوں نے بھی اپنے علاقوں کے مسائل سے آگاہ کیا۔ کمیشن نے گلگت بلتستان کے مختلف علاقوں میں ترقیاتی منصوبوں کا جائزہ لیا اور متعلقہ حکام کو ہدایت کی کہ عوامی مسائل کے حل کے لیے فوری اقدامات کیے جائیں۔ اجلاس میں تعلیم، صحت اور مواصلات کے شعبوں میں جاری کاموں پر تفصیلی بریفنگ دی گئی۔ وزیر اعلیٰ نے کہا کہ حکومت عوام کی فلاح و بہبود کے لیے تمام وسائل بروئے کار لا رہی ہے اور کسی قسم کی غفلت برداشت نہیں کی جائے گی۔ اس موقع پر مقامی
26
کمیشن نے گلگت بلتستان کے مختلف علاقوں میں ترقیاتی منصوبوں کا جائزہ لیا اور متعلقہ حکام کو ہدایت کی کہ عوامی مسائل کے حل کے لیے فوری اقدامات کیے جائیں۔ اجلاس میں تعلیم، صحت اور مواصلات کے شعبوں میں جاری کاموں پر تفصیلی بریفنگ دی گئی۔ وزیر اعلیٰ نے کہا کہ حکومت عوام کی فلاح و بہبود کے لیے تمام وسائل بروئے کار لا رہی ہے اور کسی قسم کی غفلت برداشت نہیں کی جائے گی۔ اس موقع پر مقامی نمائندوں نے بھی اپنے علاقوں کے مسائل سے آگاہ کیا۔ کمیشن نے گلگت بلتستان کے مختلف علاقوں میں ترقیاتی منصوبوں کا جائزہ لیا اور متعلقہ حکام کو ہدایت کی کہ عوامی مسائل کے حل کے لیے فوری اقدامات کیے جائیں۔ اجلاس میں تعلیم، صحت اور مواصلات کے شعبوں میں جاری کاموں پر تفصیلی بریفنگ دی گئی۔ وزیر اعلیٰ نے کہا کہ حکومت عوام کی فلاح و بہبود کے لیے تمام وسائل بروئے کار لا رہی ہے اور کسی قسم کی غفلت برداشت نہیں کی جائے گی۔ اس موقع پر مقامی نمائندوں نے بھی اپنے علاقوں کے مسائل سے آگاہ کیا۔ کمیشن نے گلگت بلتستان کے مختلف علاقوں میں ترقیاتی منصوبوں کا جائزہ لیا اور متعلقہ حکام کو ہدایت کی کہ عوامی مسائل کے حل کے لیے فوری اقدامات کیے جائیں۔ اجلاس میں تعلیم، صحت اور مواصلات کے شعبوں میں جاری کاموں پر تفصیلی بریفنگ دی گئی۔ وزیر اعلیٰ نے کہا کہ حکومت عوام کی فلاح و بہبود کے لیے تمام وسائل بروئے کار لا رہی ہے اور کسی قسم کی غفلت برداشت نہیں کی جائے گی۔ اس موقع پر مقامی نمائندوں نے بھی اپنے علاقوں کے مسائل سے آگاہ کیا۔ کمیشن نے گلگت بلتستان کے مختلف علاقوں میں ترقیاتی منصوبوں کا جائزہ لیا اور متعلقہ حکام کو ہدایت کی کہ عوامی مسائل کے حل کے لیے فوری اقدامات کیے جائیں۔ اجلاس میں تعلیم، صحت اور مواصلات کے شعبوں میں جاری کاموں پر تفصیلی بریفنگ دی گئی۔ وزیر اعلیٰ نے کہا کہ حکومت عوام کی فلاح و بہبود کے لیے تمام وسائل بروئے کار لا رہی ہے اور کسی قسم کی غفلت برداشت نہیں کی جائے گی۔ اس موقع پر مقامی نمائندوں نے بھی اپنے علاقوں کے مسائل سے آگاہ کیا۔ کمیشن نے گلگت بلتستان کے مختلف علاقوں میں ترقیاتی منصوبوں کا جائزہ لیا اور متعلقہ حکام کو ہدایت کی کہ عوامی مسائل کے حل کے لیے فوری اقدامات کیے جائیں۔ اجلاس میں تعلیم، صحت اور مواصلات کے شعبوں میں جاری کاموں پر تفصیلی بریفنگ دی گئی۔ وزیر اعلیٰ نے کہا کہ حکومت عوام کی فلاح و بہبود کے لیے تمام وسائل بروئے کار لا رہی ہے اور کسی قسم کی غفلت برداشت نہیں کی جائے گی۔ اس موقع پر مقامی نمائندوں نے بھی اپنے علاقوں کے مسائل سے آگاہ کیا۔ کمیشن نے گلگت بلتستان کے مختلف علاقوں میں ترقیاتی منصوبوں کا جائزہ لیا اور متعلقہ حکام کو ہدایت کی کہ عوامی مسائل کے حل کے لیے فوری اقدامات کیے جائیں۔ اجلاس میں تعلیم، صحت اور مواصلات کے شعبوں میں جاری کاموں پر تفصیلی بریفنگ دی گئی۔ وزیر اعلیٰ نے کہا کہ حکومت عوام کی فلاح و بہبود کے لیے تمام وسائل بروئے کار لا رہی ہے اور کسی قسم کی غفلت برداشت نہیں کی جائے گی۔ اس موقع پر مقامی نمائندوں نے بھی اپنے علاقوں کے مسائل سے آگاہ کیا۔
27
کمیشن نے گلگت بلتستان کے مختلف علاقوں میں ترقیاتی منصوبوں کا جائزہ لیا اور متعلقہ حکام کو ہدایت کی کہ عوامی مسائل کے حل کے لیے فوری اقدامات کیے جائیں۔ اجلاس میں تعلیم، صحت اور مواصلات کے شعبوں میں جاری کاموں پر تفصیلی بریفنگ دی گئی۔ وزیر اعلیٰ نے کہا کہ حکومت عوام کی فلاح و بہبود کے لیے تمام وسائل بروئے کار لا رہی ہے اور کسی قسم کی غفلت برداشت نہیں کی جائے گی۔ اس موقع پر مقامی نمائندوں نے بھی اپنے علاقوں کے مسائل سے آگاہ کیا۔ کمیشن نے گلگت بلتستان کے مختلف علاقوں میں ترقیاتی منصوبوں کا جائزہ لیا اور متعلقہ حکام کو ہدایت کی کہ عوامی مسائل کے حل کے لیے فوری اقدامات کیے جائیں۔ اجلاس میں تعلیم، صحت اور مواصلات کے شعبوں میں جاری کاموں پر تفصیلی بریفنگ دی گئی۔ وزیر اعلیٰ نے کہا کہ حکومت عوام کی فلاح و بہبود کے لیے تمام وسائل بروئے کار لا رہی ہے اور کسی قسم کی غفلت برداشت نہیں کی جائے گی۔ اس موقع پر مقامی نمائندوں نے بھی اپنے علاقوں کے مسائل سے آگاہ کیا۔ کمیشن نے گلگت بلتستان کے مختلف علاقوں میں ترقیاتی منصوبوں کا جائزہ لیا اور متعلقہ حکام کو ہدایت کی کہ عوامی مسائل کے حل کے لیے فوری اقدامات کیے جائیں۔ اجلاس میں تعلیم، صحت اور مواصلات کے شعبوں میں جاری کاموں پر تفصیلی بریفنگ دی گئی۔ وزیر اعلیٰ نے کہا کہ حکومت عوام کی فلاح و بہبود کے لیے تمام وسائل بروئے کار لا رہی ہے اور کسی قسم کی غفلت برداشت نہیں کی جائے گی۔ اس موقع پر مقامی نمائندوں نے بھی اپنے علاقوں کے مسائل سے آگاہ کیا۔ کمیشن نے گلگت بلتستان کے مختلف علاقوں میں ترقیاتی منصوبوں کا جائزہ لیا اور متعلقہ حکام کو ہدایت کی کہ عوامی مسائل کے حل کے لیے فوری اقدامات کیے جائیں۔ اجلاس میں تعلیم، صحت اور مواصلات کے شعبوں میں جاری کاموں پر تفصیلی بریفنگ دی گئی۔ وزیر اعلیٰ نے کہا کہ حکومت عوام کی فلاح و بہبود کے لیے تمام وسائل بروئے کار لا رہی ہے اور کسی قسم کی غفلت برداشت نہیں کی جائے گی۔ اس موقع پر مقامی نمائندوں نے بھی اپنے علاقوں کے مسائل سے آگاہ کیا۔ کمیشن نے گلگت بلتستان کے مختلف علاقوں میں ترقیاتی منصوبوں کا جائزہ لیا اور متعلقہ حکام کو ہدایت کی کہ عوامی مسائل کے حل کے لیے فوری اقدامات کیے جائیں۔ اجلاس میں تعلیم، صحت اور مواصلات کے شعبوں میں جاری کاموں پر تفصیلی بریفنگ دی گئی۔ وزیر اعلیٰ نے کہا کہ حکومت عوام کی فلاح و بہبود کے لیے تمام وسائل بروئے کار لا رہی ہے اور کسی قسم کی غفلت برداشت نہیں کی جائے گی۔ اس موقع پر مقامی نمائندوں نے بھی اپنے علاقوں کے مسائل سے آگاہ کیا۔ کمیشن نے گلگت بلتستان کے مختلف علاقوں میں ترقیاتی منصوبوں کا جائزہ لیا اور متعلقہ حکام کو ہدایت کی کہ عوامی مسائل کے حل کے لیے فوری اقدامات کیے جائیں۔ اجلاس میں تعلیم، صحت اور مواصلات کے شعبوں میں جاری کاموں پر تفصیلی بریفنگ دی گئی۔ وزیر اعلیٰ نے کہا کہ حکومت عوام کی فلاح و بہبود کے لیے تمام وسائل بروئے کار لا رہی ہے اور کسی قسم کی غفلت برداشت نہیں کی جائے گی۔ اس موقع پر مقامی نمائندوں نے بھی اپنے علاقوں کے مسائل سے آگاہ کیا۔
28
کمیشن نے گلگت بلتستان کے مختلف علاقوں میں ترقیاتی منصوبوں کا جائزہ لیا اور متعلقہ حکام کو ہدایت کی کہ عوامی مسائل کے حل کے لیے فوری اقدامات کیے جائیں۔ اجلاس میں تعلیم، صحت اور مواصلات کے شعبوں میں جاری کاموں پر تفصیلی بریفنگ دی گئی۔ وزیر اعلیٰ نے کہا کہ حکومت عوام کی فلاح و بہبود کے لیے تمام وسائل بروئے کار لا رہی ہے اور کسی قسم کی غفلت برداشت نہیں کی جائے گی۔ اس موقع پر مقامی نمائندوں نے بھی اپنے علاقوں کے مسائل سے آگاہ کیا۔ کمیشن نے گلگت بلتستان کے مختلف علاقوں میں ترقیاتی منصوبوں کا جائزہ لیا اور متعلقہ حکام کو ہدایت کی کہ عوامی مسائل کے حل کے لیے فوری اقدامات کیے جائیں۔ اجلاس میں تعلیم، صحت اور مواصلات کے شعبوں میں جاری کاموں پر تفصیلی بریفنگ دی گئی۔ وزیر اعلیٰ نے کہا کہ حکومت عوام کی فلاح و بہبود کے لیے تمام وسائل بروئے کار لا رہی ہے اور کسی قسم کی غفلت برداشت نہیں کی جائے گی۔ اس موقع پر مقامی نمائندوں نے بھی اپنے علاقوں کے مسائل سے آگاہ کیا۔ کمیشن نے گلگت بلتستان کے مختلف علاقوں میں ترقیاتی منصوبوں کا جائزہ لیا اور متعلقہ حکام کو ہدایت کی کہ عوامی مسائل کے حل کے لیے فوری اقدامات کیے جائیں۔ اجلاس میں تعلیم، صحت اور مواصلات کے شعبوں میں جاری کاموں پر تفصیلی بریفنگ دی گئی۔ وزیر اعلیٰ نے کہا کہ حکومت عوام کی فلاح و بہبود کے لیے تمام وسائل بروئے کار لا رہی ہے اور کسی قسم کی غفلت برداشت نہیں کی جائے گی۔ اس موقع پر مقامی نمائندوں نے بھی اپنے علاقوں کے مسائل سے آگاہ کیا۔ کمیشن نے گلگت بلتستان کے مختلف علاقوں میں ترقیاتی منصوبوں کا جائزہ لیا اور متعلقہ حکام کو ہدایت کی کہ عوامی مسائل کے حل کے لیے فوری اقدامات کیے جائیں۔ اجلاس میں تعلیم، صحت اور مواصلات کے شعبوں میں جاری کاموں پر تفصیلی بریفنگ دی گئی۔ وزیر اعلیٰ نے کہا کہ حکومت عوام کی فلاح و بہبود کے لیے تمام وسائل بروئے کار لا رہی ہے اور کسی قسم کی غفلت برداشت نہیں کی جائے گی۔ اس موقع پر مقامی نمائندوں نے بھی اپنے علاقوں کے مسائل سے آگاہ کیا۔ کمیشن نے گلگت بلتستان کے مختلف علاقوں میں ترقیاتی منصوبوں کا جائزہ لیا اور متعلقہ حکام کو ہدایت کی کہ عوامی مسائل کے حل کے لیے فوری اقدامات کیے جائیں۔ اجلاس میں تعلیم، صحت اور مواصلات کے شعبوں میں جاری کاموں پر تفصیلی بریفنگ دی گئی۔ وزیر اعلیٰ نے کہا کہ حکومت عوام کی فلاح و بہبود کے لیے تمام وسائل بروئے کار لا رہی ہے اور کسی قسم کی غفلت برداشت نہیں کی جائے گی۔ اس موقع پر مقامی نمائندوں نے بھی اپنے علاقوں کے مسائل سے آگاہ کیا۔ کمیشن نے گلگت بلتستان کے مختلف علاقوں میں ترقیاتی منصوبوں کا جائزہ لیا اور متعلقہ حکام کو ہدایت کی کہ عوامی مسائل کے حل کے لیے فوری اقدامات کیے جائیں۔ اجلاس میں تعلیم، صحت اور مواصلات کے شعبوں میں جاری کاموں پر تفصیلی بریفنگ دی گئی۔ وزیر اعلیٰ نے کہا کہ حکومت عوام کی فلاح و بہبود کے لیے تمام وسائل بروئے کار لا رہی ہے اور کسی قسم کی غفلت برداشت نہیں کی جائے گی۔ اس موقع پر مقامی نمائندوں نے بھی اپنے علاقوں کے مسائل سے آگاہ کیا۔
29
کمیشن نے گلگت بلتستان کے مختلف علاقوں میں ترقیاتی منصوبوں کا جائزہ لیا اور متعلقہ حکام کو ہدایت کی کہ عوامی مسائل کے حل کے لیے فوری اقدامات کیے جائیں۔ اجلاس میں تعلیم، صحت اور مواصلات کے شعبوں میں جاری کاموں پر تفصیلی بریفنگ دی گئی۔ وزیر اعلیٰ نے کہا کہ حکومت عوام کی فلاح و بہبود کے لیے تمام وسائل بروئے کار لا رہی ہے اور کسی قسم کی غفلت برداشت نہیں کی جائے گی۔ اس موقع پر مقامی نمائندوں نے بھی اپنے علاقوں کے مسائل سے آگاہ کیا۔ کمیشن نے گلگت بلتستان کے مختلف علاقوں میں ترقیاتی منصوبوں کا جائزہ لیا اور متعلقہ حکام کو ہدایت کی کہ عوامی مسائل کے حل کے لیے فوری اقدامات کیے جائیں۔ اجلاس میں تعلیم، صحت اور مواصلات کے شعبوں میں جاری کاموں پر تفصیلی بریفنگ دی گئی۔ وزیر اعلیٰ نے کہا کہ حکومت عوام کی فلاح و بہبود کے لیے تمام وسائل بروئے کار لا رہی ہے اور کسی قسم کی غفلت برداشت نہیں کی جائے گی۔ اس موقع پر مقامی نمائندوں نے بھی اپنے علاقوں کے مسائل سے آگاہ کیا۔ کمیشن نے گلگت بلتستان کے مختلف علاقوں میں ترقیاتی منصوبوں کا جائزہ لیا اور متعلقہ حکام کو ہدایت کی کہ عوامی مسائل کے حل کے لیے فوری اقدامات کیے جائیں۔ اجلاس میں تعلیم، صحت اور مواصلات کے شعبوں میں جاری کاموں پر تفصیلی بریفنگ دی گئی۔ وزیر اعلیٰ نے کہا کہ حکومت عوام کی فلاح و بہبود کے لیے تمام وسائل بروئے کار لا رہی ہے اور کسی قسم کی غفلت برداشت نہیں کی جائے گی۔ اس موقع پر مقامی نمائندوں نے بھی اپنے علاقوں کے مسائل سے آگاہ کیا۔ کمیشن نے گلگت بلتستان کے مختلف علاقوں میں ترقیاتی منصوبوں کا جائزہ لیا اور متعلقہ حکام کو ہدایت کی کہ عوامی مسائل کے حل کے لیے فوری اقدامات کیے جائیں۔ اجلاس میں تعلیم، صحت اور مواصلات کے شعبوں میں جاری کاموں پر تفصیلی بریفنگ دی گئی۔ وزیر اعلیٰ نے کہا کہ حکومت عوام کی فلاح و بہبود کے لیے تمام وسائل بروئے کار لا رہی ہے اور کسی قسم کی غفلت برداشت نہیں کی جائے گی۔ اس موقع پر مقامی نمائندوں نے بھی اپنے علاقوں کے مسائل سے آگاہ کیا۔ کمیشن نے گلگت بلتستان کے مختلف علاقوں میں ترقیاتی منصوبوں کا جائزہ لیا اور متعلقہ حکام کو ہدایت کی کہ عوامی مسائل کے حل کے لیے فوری اقدامات کیے جائیں۔ اجلاس میں تعلیم، صحت اور مواصلات کے شعبوں میں جاری کاموں پر تفصیلی بریفنگ دی گئی۔ وزیر اعلیٰ نے کہا کہ حکومت عوام کی فلاح و بہبود کے لیے تمام وسائل بروئے کار لا رہی ہے اور کسی قسم کی غفلت برداشت نہیں کی جائے گی۔ اس موقع پر مقامی
34
کمیشن نے گلگت بلتستان کے مختلف علاقوں میں ترقیاتی منصوبوں کا جائزہ لیا اور متعلقہ حکام کو ہدایت کی کہ عوامی مسائل کے حل کے لیے فوری اقدامات کیے جائیں۔ اجلاس میں تعلیم، صحت اور مواصلات کے شعبوں میں جاری کاموں پر تفصیلی بریفنگ دی گئی۔ وزیر اعلیٰ نے کہا کہ حکومت عوام کی فلاح و بہبود کے لیے تمام وسائل بروئے کار لا رہی ہے اور کسی قسم کی غفلت برداشت نہیں کی جائے گی۔ اس موقع پر مقامی نمائندوں نے بھی اپنے علاقوں کے مسائل سے آگاہ کیا۔ کمیشن نے گلگت بلتستان کے مختلف علاقوں میں ترقیاتی منصوبوں کا جائزہ لیا اور متعلقہ حکام کو ہدایت کی کہ عوامی مسائل کے حل کے لیے فوری اقدامات کیے جائیں۔ اجلاس میں تعلیم، صحت اور مواصلات کے شعبوں میں جاری کاموں پر تفصیلی بریفنگ دی گئی۔ وزیر اعلیٰ نے کہا کہ حکومت عوام کی فلاح و بہبود کے لیے تمام وسائل بروئے کار لا رہی ہے اور کسی قسم کی غفلت برداشت نہیں کی جائے گی۔ اس موقع پر مقامی نمائندوں نے بھی اپنے علاقوں کے مسائل سے آگاہ کیا۔ کمیشن نے گلگت بلتستان کے مختلف علاقوں میں ترقیاتی منصوبوں کا جائزہ لیا اور متعلقہ حکام کو ہدایت کی کہ عوامی مسائل کے حل کے لیے فوری اقدامات کیے جائیں۔ اجلاس میں تعلیم، صحت اور مواصلات کے شعبوں میں جاری کاموں پر تفصیلی بریفنگ دی گئی۔ وزیر اعلیٰ نے کہا کہ حکومت عوام کی فلاح و بہبود کے لیے تمام وسائل بروئے کار لا رہی ہے اور کسی قسم کی غفلت برداشت نہیں کی جائے گی۔ اس موقع پر مقامی نمائندوں نے بھی اپنے علاقوں کے مسائل سے آگاہ کیا۔ کمیشن نے گلگت بلتستان کے مختلف علاقوں میں ترقیاتی منصوبوں کا جائزہ لیا اور متعلقہ حکام کو ہدایت کی کہ عوامی مسائل کے حل کے لیے فوری اقدامات کیے جائیں۔ اجلاس میں تعلیم، صحت اور مواصلات کے شعبوں میں جاری کاموں پر تفصیلی بریفنگ دی گئی۔ وزیر اعلیٰ نے کہا کہ حکومت عوام کی فلاح و بہبود کے لیے تمام وسائل بروئے کار لا رہی ہے اور کسی قسم کی غفلت برداشت نہیں کی جائے گی۔ اس موقع پر مقامی نمائندوں نے بھی اپنے علاقوں کے مسائل سے آگاہ کیا۔ کمیشن نے گلگت بلتستان کے مختلف علاقوں میں ترقیاتی منصوبوں کا جائزہ لیا اور متعلقہ حکام کو ہدایت کی کہ عوامی مسائل کے حل کے لیے فوری اقدامات کیے جائیں۔ اجلاس میں تعلیم، صحت اور مواصلات کے شعبوں میں جاری کاموں پر تفصیلی بریفنگ دی گئی۔ وزیر اعلیٰ نے کہا کہ حکومت عوام کی فلاح و بہبود کے لیے تمام وسائل بروئے کار لا رہی ہے اور کسی قسم کی غفلت برداشت نہیں کی جائے گی۔ اس موقع پر مقامی نمائندوں نے بھی اپنے علاقوں کے مسائل سے آگاہ کیا۔ کمیشن نے گلگت بلتستان کے مختلف علاقوں میں ترقیاتی منصوبوں کا جائزہ لیا اور متعلقہ حکام کو ہدایت کی کہ عوامی مسائل کے حل کے لیے فوری اقدامات کیے جائیں۔ اجلاس میں تعلیم، صحت اور مواصلات کے شعبوں میں جاری کاموں پر تفصیلی بریفنگ دی گئی۔ وزیر اعلیٰ نے کہا کہ حکومت عوام کی فلاح و بہبود کے لیے تمام وسائل بروئے کار لا رہی ہے اور کسی قسم کی غفلت برداشت نہیں کی جائے گی۔ اس موقع پر مقامی نمائندوں نے بھی اپنے علاقوں کے مسائل سے آگاہ کیا۔
35
کمیشن نے گلگت بلتستان کے مختلف علاقوں میں ترقیاتی منصوبوں کا جائزہ لیا اور متعلقہ حکام کو ہدایت کی کہ عوامی مسائل کے حل کے لیے فوری اقدامات کیے جائیں۔ اجلاس میں تعلیم، صحت اور مواصلات کے شعبوں میں جاری کاموں پر تفصیلی بریفنگ دی گئی۔ وزیر اعلیٰ نے کہا کہ حکومت عوام کی فلاح و بہبود کے لیے تمام وسائل بروئے کار لا رہی ہے اور کسی قسم کی غفلت برداشت نہیں کی جائے گی۔ اس موقع پر مقامی نمائندوں نے بھی اپنے علاقوں کے مسائل سے آگاہ کیا۔ کمیشن نے گلگت بلتستان کے مختلف علاقوں میں ترقیاتی منصوبوں کا جائزہ لیا اور متعلقہ حکام کو ہدایت کی کہ عوامی مسائل کے حل کے لیے فوری اقدامات کیے جائیں۔ اجلاس میں تعلیم، صحت اور مواصلات کے شعبوں میں جاری کاموں پر تفصیلی بریفنگ دی گئی۔ وزیر اعلیٰ نے کہا کہ حکومت عوام کی فلاح و بہبود کے لیے تمام وسائل بروئے کار لا رہی ہے اور کسی قسم کی غفلت برداشت نہیں کی جائے گی۔ اس موقع پر مقامی نمائندوں نے بھی اپنے علاقوں کے مسائل سے آگاہ کیا۔ کمیشن نے گلگت بلتستان کے مختلف علاقوں میں ترقیاتی منصوبوں کا جائزہ لیا اور متعلقہ حکام کو ہدایت کی کہ عوامی مسائل کے حل کے لیے فوری اقدامات کیے جائیں۔ اجلاس میں تعلیم، صحت اور مواصلات کے شعبوں میں جاری کاموں پر تفصیلی بریفنگ دی گئی۔ وزیر اعلیٰ نے کہا کہ حکومت عوام کی فلاح و بہبود کے لیے تمام وسائل بروئے کار لا رہی ہے اور کسی قسم کی غفلت برداشت نہیں کی جائے گی۔ اس موقع پر مقامی نمائندوں نے بھی اپنے علاقوں کے مسائل سے آگاہ کیا۔ کمیشن نے گلگت بلتستان کے مختلف علاقوں میں ترقیاتی منصوبوں کا جائزہ لیا اور متعلقہ حکام کو ہدایت کی کہ عوامی مسائل کے حل کے لیے فوری اقدامات کیے جائیں۔ اجلاس میں تعلیم، صحت اور مواصلات کے شعبوں میں جاری کاموں پر تفصیلی بریفنگ دی گئی۔ وزیر اعلیٰ نے کہا کہ حکومت عوام کی فلاح و بہبود کے لیے تمام وسائل بروئے کار لا رہی ہے اور کسی قسم کی غفلت برداشت نہیں کی جائے گی۔ اس موقع پر مقامی نمائندوں نے بھی اپنے علاقوں کے مسائل سے آگاہ کیا۔ کمیشن نے گلگت بلتستان کے مختلف علاقوں میں ترقیاتی منصوبوں کا جائزہ لیا اور متعلقہ حکام کو ہدایت کی کہ عوامی مسائل کے حل کے لیے فوری اقدامات کیے جائیں۔ اجلاس میں تعلیم، صحت اور مواصلات کے شعبوں میں جاری کاموں پر تفصیلی بریفنگ دی گئی۔ وزیر اعلیٰ نے کہا کہ حکومت عوام کی فلاح و بہبود کے لیے تمام وسائل بروئے کار لا رہی ہے اور کسی قسم کی غفلت برداشت نہیں کی جائے گی۔ اس موقع پر مقامی نمائندوں نے بھی اپنے علاقوں کے مسائل سے آگاہ کیا۔ کمیشن نے گلگت بلتستان کے مختلف علاقوں میں ترقیاتی منصوبوں کا جائزہ لیا اور متعلقہ حکام کو ہدایت کی کہ عوامی مسائل کے حل کے لیے فوری اقدامات کیے جائیں۔ اجلاس میں تعلیم، صحت اور مواصلات کے شعبوں میں جاری کاموں پر تفصیلی بریفنگ دی گئی۔ وزیر اعلیٰ نے کہا کہ حکومت عوام کی فلاح و بہبود کے لیے تمام وسائل بروئے کار لا رہی ہے اور کسی قسم کی غفلت برداشت نہیں کی جائے گی۔ اس موقع پر مقامی نمائندوں نے بھی اپنے علاقوں کے مسائل سے آگاہ کیا۔
36
کمیشن نے گلگت بلتستان کے مختلف علاقوں میں ترقیاتی منصوبوں کا جائزہ لیا اور متعلقہ حکام کو ہدایت کی کہ عوامی مسائل کے حل کے لیے فوری اقدامات کیے جائیں۔ اجلاس میں تعلیم، صحت اور مواصلات کے شعبوں میں جاری کاموں پر تفصیلی بریفنگ دی گئی۔ وزیر اعلیٰ نے کہا کہ حکومت عوام کی فلاح و بہبود کے لیے تمام وسائل بروئے کار لا رہی ہے اور کسی قسم کی غفلت برداشت نہیں کی جائے گی۔ اس موقع پر مقامی نمائندوں نے بھی اپنے علاقوں کے مسائل سے آگاہ کیا۔ کمیشن نے گلگت بلتستان کے مختلف علاقوں میں ترقیاتی منصوبوں کا جائزہ لیا اور متعلقہ حکام کو ہدایت کی کہ عوامی مسائل کے حل کے لیے فوری اقدامات کیے جائیں۔ اجلاس میں تعلیم، صحت اور مواصلات کے شعبوں میں جاری کاموں پر تفصیلی بریفنگ دی گئی۔ وزیر اعلیٰ نے کہا کہ حکومت عوام کی فلاح و بہبود کے لیے تمام وسائل بروئے کار لا رہی ہے اور کسی قسم کی غفلت برداشت نہیں کی جائے گی۔ اس موقع پر مقامی نمائندوں نے بھی اپنے علاقوں کے مسائل سے آگاہ کیا۔ کمیشن نے گلگت بلتستان کے مختلف علاقوں میں ترقیاتی منصوبوں کا جائزہ لیا اور متعلقہ حکام کو ہدایت کی کہ عوامی مسائل کے حل کے لیے فوری اقدامات کیے جائیں۔ اجلاس میں تعلیم، صحت اور مواصلات کے شعبوں میں جاری کاموں پر تفصیلی بریفنگ دی گئی۔ وزیر اعلیٰ نے کہا کہ حکومت عوام کی فلاح و بہبود کے لیے تمام وسائل بروئے کار لا رہی ہے اور کسی قسم کی غفلت برداشت نہیں کی جائے گی۔ اس موقع پر مقامی نمائندوں نے بھی اپنے علاقوں کے مسائل سے آگاہ کیا۔ کمیشن نے گلگت بلتستان کے مختلف علاقوں میں ترقیاتی منصوبوں کا جائزہ لیا اور متعلقہ حکام کو ہدایت کی کہ عوامی مسائل کے حل کے لیے فوری اقدامات کیے جائیں۔ اجلاس میں تعلیم، صحت اور مواصلات کے شعبوں میں جاری کاموں پر تفصیلی بریفنگ دی گئی۔ وزیر اعلیٰ نے کہا کہ حکومت عوام کی فلاح و بہبود کے لیے تمام وسائل بروئے کار لا رہی ہے اور کسی قسم کی غفلت برداشت نہیں کی جائے گی۔ اس موقع پر مقامی نمائندوں نے بھی اپنے علاقوں کے مسائل سے آگاہ کیا۔ کمیشن نے گلگت بلتستان کے مختلف علاقوں میں ترقیاتی منصوبوں کا جائزہ لیا اور متعلقہ حکام کو ہدایت کی کہ عوامی مسائل کے حل کے لیے فوری اقدامات کیے جائیں۔ اجلاس میں تعلیم، صحت اور مواصلات کے شعبوں میں جاری کاموں پر تفصیلی بریفنگ دی گئی۔ وزیر اعلیٰ نے کہا کہ حکومت عوام کی فلاح و بہبود کے لیے تمام وسائل بروئے کار لا رہی ہے اور کسی قسم کی غفلت برداشت نہیں کی جائے گی۔ اس موقع پر مقامی نمائندوں نے بھی اپنے علاقوں کے مسائل سے آگاہ کیا۔ کمیشن نے گلگت بلتستان کے مختلف علاقوں میں ترقیاتی منصوبوں کا جائزہ لیا اور متعلقہ حکام کو ہدایت کی کہ عوامی مسائل کے حل کے لیے فوری اقدامات کیے جائیں۔ اجلاس میں تعلیم، صحت اور مواصلات کے شعبوں میں جاری کاموں پر تفصیلی بریفنگ دی گئی۔ وزیر اعلیٰ نے کہا کہ حکومت عوام کی فلاح و بہبود کے لیے تمام وسائل بروئے کار لا رہی ہے اور کسی قسم کی غفلت برداشت نہیں کی جائے گی۔ اس موقع پر مقامی نمائندوں نے بھی اپنے علاقوں کے مسائل سے آگاہ کیا۔
37
کمیشن نے گلگت بلتستان کے مختلف علاقوں میں ترقیاتی منصوبوں کا جائزہ لیا اور متعلقہ حکام کو ہدایت کی کہ عوامی مسائل کے حل کے لیے فوری اقدامات کیے جائیں۔ اجلاس میں تعلیم، صحت اور مواصلات کے شعبوں میں جاری کاموں پر تفصیلی بریفنگ دی گئی۔ وزیر اعلیٰ نے کہا کہ حکومت عوام کی فلاح و بہبود کے لیے تمام وسائل بروئے کار لا رہی ہے اور کسی قسم کی غفلت برداشت نہیں کی جائے گی۔ اس موقع پر مقامی نمائندوں نے بھی اپنے علاقوں کے مسائل سے آگاہ کیا۔ کمیشن نے گلگت بلتستان کے مختلف علاقوں میں ترقیاتی منصوبوں کا جائزہ لیا اور متعلقہ حکام کو ہدایت کی کہ عوامی مسائل کے حل کے لیے فوری اقدامات کیے جائیں۔ اجلاس میں تعلیم، صحت اور مواصلات کے شعبوں میں جاری کاموں پر تفصیلی بریفنگ دی گئی۔ وزیر اعلیٰ نے کہا کہ حکومت عوام کی فلاح و بہبود کے لیے تمام وسائل بروئے کار لا رہی ہے اور کسی قسم کی غفلت برداشت نہیں کی جائے گی۔ اس موقع پر مقامی نمائندوں نے بھی اپنے علاقوں کے مسائل سے آگاہ کیا۔ کمیشن نے گلگت بلتستان کے مختلف علاقوں میں ترقیاتی منصوبوں کا جائزہ لیا اور متعلقہ حکام کو ہدایت کی کہ عوامی مسائل کے حل کے لیے فوری اقدامات کیے جائیں۔ اجلاس میں تعلیم، صحت اور مواصلات کے شعبوں میں جاری کاموں پر تفصیلی بریفنگ دی گئی۔ وزیر اعلیٰ نے کہا کہ حکومت عوام کی فلاح و بہبود کے لیے تمام وسائل بروئے کار لا رہی ہے اور کسی قسم کی غفلت برداشت نہیں کی جائے گی۔ اس موقع پر مقامی نمائندوں نے بھی اپنے علاقوں کے مسائل سے آگاہ کیا۔ کمیشن نے گلگت بلتستان کے مختلف علاقوں میں ترقیاتی منصوبوں کا جائزہ لیا اور متعلقہ حکام کو ہدایت کی کہ عوامی مسائل کے حل کے لیے فوری اقدامات کیے جائیں۔ اجلاس میں تعلیم، صحت اور مواصلات کے شعبوں میں جاری کاموں پر تفصیلی بریفنگ دی گئی۔ وزیر اعلیٰ نے کہا کہ حکومت عوام کی فلاح و بہبود کے لیے تمام وسائل بروئے کار لا رہی ہے اور کسی قسم کی غفلت برداشت نہیں کی جائے گی۔ اس موقع پر مقامی نمائندوں نے بھی اپنے علاقوں کے مسائل سے آگاہ کیا۔ کمیشن نے گلگت بلتستان کے مختلف علاقوں میں ترقیاتی منصوبوں کا جائزہ لیا اور متعلقہ حکام کو ہدایت کی کہ عوامی مسائل کے حل کے لیے فوری اقدامات کیے جائیں۔ اجلاس میں تعلیم، صحت اور مواصلات کے شعبوں میں جاری کاموں پر تفصیلی بریفنگ دی گئی۔ وزیر اعلیٰ نے کہا کہ حکومت عوام کی فلاح و بہبود کے لیے تمام وسائل بروئے کار لا رہی ہے اور کسی قسم کی غفلت برداشت نہیں کی جائے گی۔ اس موقع پر مقامی
40
کمیشن نے گلگت بلتستان کے مختلف علاقوں میں ترقیاتی منصوبوں کا جائزہ لیا اور متعلقہ حکام کو ہدایت کی کہ عوامی مسائل کے حل کے لیے فوری اقدامات کیے جائیں۔ اجلاس میں تعلیم، صحت اور مواصلات کے شعبوں میں جاری کاموں پر تفصیلی بریفنگ دی گئی۔ وزیر اعلیٰ نے کہا کہ حکومت عوام کی فلاح و بہبود کے لیے تمام وسائل بروئے کار لا رہی ہے اور کسی قسم کی غفلت برداشت نہیں کی جائے گی۔ اس موقع پر مقامی نمائندوں نے بھی اپنے علاقوں کے مسائل سے آگاہ کیا۔ کمیشن نے گلگت بلتستان کے مختلف علاقوں میں ترقیاتی منصوبوں کا جائزہ لیا اور متعلقہ حکام کو ہدایت کی کہ عوامی مسائل کے حل کے لیے فوری اقدامات کیے جائیں۔ اجلاس میں تعلیم، صحت اور مواصلات کے شعبوں میں جاری کاموں پر تفصیلی بریفنگ دی گئی۔ وزیر اعلیٰ نے کہا کہ حکومت عوام کی فلاح و بہبود کے لیے تمام وسائل بروئے کار لا رہی ہے اور کسی قسم کی غفلت برداشت نہیں کی جائے گی۔ اس موقع پر مقامی نمائندوں نے بھی اپنے علاقوں کے مسائل سے آگاہ کیا۔ کمیشن نے گلگت بلتستان کے مختلف علاقوں میں ترقیاتی منصوبوں کا جائزہ لیا اور متعلقہ حکام کو ہدایت کی کہ عوامی مسائل کے حل کے لیے فوری اقدامات کیے جائیں۔ اجلاس میں تعلیم، صحت اور مواصلات کے شعبوں میں جاری کاموں پر تفصیلی بریفنگ دی گئی۔ وزیر اعلیٰ نے کہا کہ حکومت عوام کی فلاح و بہبود کے لیے تمام وسائل بروئے کار لا رہی ہے اور کسی قسم کی غفلت برداشت نہیں کی جائے گی۔ اس موقع پر مقامی نمائندوں نے بھی اپنے علاقوں کے مسائل سے آگاہ کیا۔ کمیشن نے گلگت بلتستان کے مختلف علاقوں میں ترقیاتی منصوبوں کا جائزہ لیا اور متعلقہ حکام کو ہدایت کی کہ عوامی مسائل کے حل کے لیے فوری اقدامات کیے جائیں۔ اجلاس میں تعلیم، صحت اور مواصلات کے شعبوں میں جاری کاموں پر تفصیلی بریفنگ دی گئی۔ وزیر اعلیٰ نے کہا کہ حکومت عوام کی فلاح و بہبود کے لیے تمام وسائل بروئے کار لا رہی ہے اور کسی قسم کی غفلت برداشت نہیں کی جائے گی۔ اس موقع پر مقامی نمائندوں نے بھی اپنے علاقوں کے مسائل سے آگاہ کیا۔ کمیشن نے گلگت بلتستان کے مختلف علاقوں میں ترقیاتی منصوبوں کا جائزہ لیا اور متعلقہ حکام کو ہدایت کی کہ عوامی مسائل کے حل کے لیے فوری اقدامات کیے جائیں۔ اجلاس میں تعلیم، صحت اور مواصلات کے شعبوں میں جاری کاموں پر تفصیلی بریفنگ دی گئی۔ وزیر اعلیٰ نے کہا کہ حکومت عوام کی فلاح و بہبود کے لیے تمام وسائل بروئے کار لا رہی ہے اور کسی قسم کی غفلت برداشت نہیں کی جائے گی۔ اس موقع پر مقامی نمائندوں نے بھی اپنے علاقوں کے مسائل سے آگاہ کیا۔ کمیشن نے گلگت بلتستان کے مختلف علاقوں میں ترقیاتی منصوبوں کا جائزہ لیا اور متعلقہ حکام کو ہدایت کی کہ عوامی مسائل کے حل کے لیے فوری اقدامات کیے جائیں۔ اجلاس میں تعلیم، صحت اور مواصلات کے شعبوں میں جاری کاموں پر تفصیلی بریفنگ دی گئی۔ وزیر اعلیٰ نے کہا کہ حکومت عوام کی فلاح و بہبود کے لیے تمام وسائل بروئے کار لا رہی ہے اور کسی قسم کی غفلت برداشت نہیں کی جائے گی۔ اس موقع پر مقامی نمائندوں نے بھی اپنے علاقوں کے مسائل سے آگاہ کیا۔
42
کمیشن نے گلگت بلتستان کے مختلف علاقوں میں ترقیاتی منصوبوں کا جائزہ لیا اور متعلقہ حکام کو ہدایت کی کہ عوامی مسائل کے حل کے لیے فوری اقدامات کیے جائیں۔ اجلاس میں تعلیم، صحت اور مواصلات کے شعبوں میں جاری کاموں پر تفصیلی بریفنگ دی گئی۔ وزیر اعلیٰ نے کہا کہ حکومت عوام کی فلاح و بہبود کے لیے تمام وسائل بروئے کار لا رہی ہے اور کسی قسم کی غفلت برداشت نہیں کی جائے گی۔ اس موقع پر مقامی نمائندوں نے بھی اپنے علاقوں کے مسائل سے آگاہ کیا۔ کمیشن نے گلگت بلتستان کے مختلف علاقوں میں ترقیاتی منصوبوں کا جائزہ لیا اور متعلقہ حکام کو ہدایت کی کہ عوامی مسائل کے حل کے لیے فوری اقدامات کیے جائیں۔ اجلاس میں تعلیم، صحت اور مواصلات کے شعبوں میں جاری کاموں پر تفصیلی بریفنگ دی گئی۔ وزیر اعلیٰ نے کہا کہ حکومت عوام کی فلاح و بہبود کے لیے تمام وسائل بروئے کار لا رہی ہے اور کسی قسم کی غفلت برداشت نہیں کی جائے گی۔ اس موقع پر مقامی نمائندوں نے بھی اپنے علاقوں کے مسائل سے آگاہ کیا۔ کمیشن نے گلگت بلتستان کے مختلف علاقوں میں ترقیاتی منصوبوں کا جائزہ لیا اور متعلقہ حکام کو ہدایت کی کہ عوامی مسائل کے حل کے لیے فوری اقدامات کیے جائیں۔ اجلاس میں تعلیم، صحت اور مواصلات کے شعبوں میں جاری کاموں پر تفصیلی بریفنگ دی گئی۔ وزیر اعلیٰ نے کہا کہ حکومت عوام کی فلاح و بہبود کے لیے تمام وسائل بروئے کار لا رہی ہے اور کسی قسم کی غفلت برداشت نہیں کی جائے گی۔ اس موقع پر مقامی نمائندوں نے بھی اپنے علاقوں کے مسائل سے آگاہ کیا۔ کمیشن نے گلگت بلتستان کے مختلف علاقوں میں ترقیاتی منصوبوں کا جائزہ لیا اور متعلقہ حکام کو ہدایت کی کہ عوامی مسائل کے حل کے لیے فوری اقدامات کیے جائیں۔ اجلاس میں تعلیم، صحت اور مواصلات کے شعبوں میں جاری کاموں پر تفصیلی بریفنگ دی گئی۔ وزیر اعلیٰ نے کہا کہ حکومت عوام کی فلاح و بہبود کے لیے تمام وسائل بروئے کار لا رہی ہے اور کسی قسم کی غفلت برداشت نہیں کی جائے گی۔ اس موقع پر مقامی نمائندوں نے بھی اپنے علاقوں کے مسائل سے آگاہ کیا۔ کمیشن نے گلگت بلتستان کے مختلف علاقوں میں ترقیاتی منصوبوں کا جائزہ لیا اور متعلقہ حکام کو ہدایت کی کہ عوامی مسائل کے حل کے لیے فوری اقدامات کیے جائیں۔ اجلاس میں تعلیم، صحت اور مواصلات کے شعبوں میں جاری کاموں پر تفصیلی بریفنگ دی گئی۔ وزیر اعلیٰ نے کہا کہ حکومت عوام کی فلاح و بہبود کے لیے تمام وسائل بروئے کار لا رہی ہے اور کسی قسم کی غفلت برداشت نہیں کی جائے گی۔ اس موقع پر مقامی نمائندوں نے بھی اپنے علاقوں کے مسائل سے آگاہ کیا۔ کمیشن نے گلگت بلتستان کے مختلف علاقوں میں ترقیاتی منصوبوں کا جائزہ لیا اور متعلقہ حکام کو ہدایت کی کہ عوامی مسائل کے حل کے لیے فوری اقدامات کیے جائیں۔ اجلاس میں تعلیم، صحت اور مواصلات کے شعبوں میں جاری کاموں پر تفصیلی بریفنگ دی گئی۔ وزیر اعلیٰ نے کہا کہ حکومت عوام کی فلاح و بہبود کے لیے تمام وسائل بروئے کار لا رہی ہے اور کسی قسم کی غفلت برداشت نہیں کی جائے گی۔ اس موقع پر مقامی نمائندوں نے بھی اپنے علاقوں کے مسائل سے آگاہ کیا۔
43
کمیشن نے گلگت بلتستان کے مختلف علاقوں میں ترقیاتی منصوبوں کا جائزہ لیا اور متعلقہ حکام کو ہدایت کی کہ عوامی مسائل کے حل کے لیے فوری اقدامات کیے جائیں۔ اجلاس میں تعلیم، صحت اور مواصلات کے شعبوں میں جاری کاموں پر تفصیلی بریفنگ دی گئی۔ وزیر اعلیٰ نے کہا کہ حکومت عوام کی فلاح و بہبود کے لیے تمام وسائل بروئے کار لا رہی ہے اور کسی قسم کی غفلت برداشت نہیں کی جائے گی۔ اس موقع پر مقامی نمائندوں نے بھی اپنے علاقوں کے مسائل سے آگاہ کیا۔ کمیشن نے گلگت بلتستان کے مختلف علاقوں میں ترقیاتی منصوبوں کا جائزہ لیا اور متعلقہ حکام کو ہدایت کی کہ عوامی مسائل کے حل کے لیے فوری اقدامات کیے جائیں۔ اجلاس میں تعلیم، صحت اور مواصلات کے شعبوں میں جاری کاموں پر تفصیلی بریفنگ دی گئی۔ وزیر اعلیٰ نے کہا کہ حکومت عوام کی فلاح و بہبود کے لیے تمام وسائل بروئے کار لا رہی ہے اور کسی قسم کی غفلت برداشت نہیں کی جائے گی۔ اس موقع پر مقامی نمائندوں نے بھی اپنے علاقوں کے مسائل سے آگاہ کیا۔ کمیشن نے گلگت بلتستان کے مختلف علاقوں میں ترقیاتی منصوبوں کا جائزہ لیا اور متعلقہ حکام کو ہدایت کی کہ عوامی مسائل کے حل کے لیے فوری اقدامات کیے جائیں۔ اجلاس میں تعلیم، صحت اور مواصلات کے شعبوں میں جاری کاموں پر تفصیلی بریفنگ دی گئی۔ وزیر اعلیٰ نے کہا کہ حکومت عوام کی فلاح و بہبود کے لیے تمام وسائل بروئے کار لا رہی ہے اور کسی قسم کی غفلت برداشت نہیں کی جائے گی۔ اس موقع پر مقامی نمائندوں نے بھی اپنے علاقوں کے مسائل سے آگاہ کیا۔ کمیشن نے گلگت بلتستان کے مختلف علاقوں میں ترقیاتی منصوبوں کا جائزہ لیا اور متعلقہ حکام کو ہدایت کی کہ عوامی مسائل کے حل کے لیے فوری اقدامات کیے جائیں۔ اجلاس میں تعلیم، صحت اور مواصلات کے شعبوں میں جاری کاموں پر تفصیلی بریفنگ دی گئی۔ وزیر اعلیٰ نے کہا کہ حکومت عوام کی فلاح و بہبود کے لیے تمام وسائل بروئے کار لا رہی ہے اور کسی قسم کی غفلت برداشت نہیں کی جائے گی۔ اس موقع پر مقامی نمائندوں نے بھی اپنے علاقوں کے مسائل سے آگاہ کیا۔ کمیشن نے گلگت بلتستان کے مختلف علاقوں میں ترقیاتی منصوبوں کا جائزہ لیا اور متعلقہ حکام کو ہدایت کی کہ عوامی مسائل کے حل کے لیے فوری اقدامات کیے جائیں۔ اجلاس میں تعلیم، صحت اور مواصلات کے شعبوں میں جاری کاموں پر تفصیلی بریفنگ دی گئی۔ وزیر اعلیٰ نے کہا کہ حکومت عوام کی فلاح و بہبود کے لیے تمام وسائل بروئے کار لا رہی ہے اور کسی قسم کی غفلت برداشت نہیں کی جائے گی۔ اس موقع پر مقامی نمائندوں نے بھی اپنے علاقوں کے مسائل سے آگاہ کیا۔ کمیشن نے گلگت بلتستان کے مختلف علاقوں میں ترقیاتی منصوبوں کا جائزہ لیا اور متعلقہ حکام کو ہدایت کی کہ عوامی مسائل کے حل کے لیے فوری اقدامات کیے جائیں۔ اجلاس میں تعلیم، صحت اور مواصلات کے شعبوں میں جاری کاموں پر تفصیلی بریفنگ دی گئی۔ وزیر اعلیٰ نے کہا کہ حکومت عوام کی فلاح و بہبود کے لیے تمام وسائل بروئے کار لا رہی ہے اور کسی قسم کی غفلت برداشت نہیں کی جائے گی۔ اس موقع پر مقامی نمائندوں نے بھی اپنے علاقوں کے مسائل سے آگاہ کیا۔
44
کمیشن نے گلگت بلتستان کے مختلف علاقوں میں ترقیاتی منصوبوں کا جائزہ لیا اور متعلقہ حکام کو ہدایت کی کہ عوامی مسائل کے حل کے لیے فوری اقدامات کیے جائیں۔ اجلاس میں تعلیم، صحت اور مواصلات کے شعبوں میں جاری کاموں پر تفصیلی بریفنگ دی گئی۔ وزیر اعلیٰ نے کہا کہ حکومت عوام کی فلاح و بہبود کے لیے تمام وسائل بروئے کار لا رہی ہے اور کسی قسم کی غفلت برداشت نہیں کی جائے گی۔ اس موقع پر مقامی نمائندوں نے بھی اپنے علاقوں کے مسائل سے آگاہ کیا۔ کمیشن نے گلگت بلتستان کے مختلف علاقوں میں ترقیاتی منصوبوں کا جائزہ لیا اور متعلقہ حکام کو ہدایت کی کہ عوامی مسائل کے حل کے لیے فوری اقدامات کیے جائیں۔ اجلاس میں تعلیم، صحت اور مواصلات کے شعبوں میں جاری کاموں پر تفصیلی بریفنگ دی گئی۔ وزیر اعلیٰ نے کہا کہ حکومت عوام کی فلاح و بہبود کے لیے تمام وسائل بروئے کار لا رہی ہے اور کسی قسم کی غفلت برداشت نہیں کی جائے گی۔ اس موقع پر مقامی نمائندوں نے بھی اپنے علاقوں کے مسائل سے آگاہ کیا۔ کمیشن نے گلگت بلتستان کے مختلف علاقوں میں ترقیاتی منصوبوں کا جائزہ لیا اور متعلقہ حکام کو ہدایت کی کہ عوامی مسائل کے حل کے لیے فوری اقدامات کیے جائیں۔ اجلاس میں تعلیم، صحت اور مواصلات کے شعبوں میں جاری کاموں پر تفصیلی بریفنگ دی گئی۔ وزیر اعلیٰ نے کہا کہ حکومت عوام کی فلاح و بہبود کے لیے تمام وسائل بروئے کار لا رہی ہے اور کسی قسم کی غفلت برداشت نہیں کی جائے گی۔ اس موقع پر مقامی نمائندوں نے بھی اپنے علاقوں کے مسائل سے آگاہ کیا۔ کمیشن نے گلگت بلتستان کے مختلف علاقوں میں ترقیاتی منصوبوں کا جائزہ لیا اور متعلقہ حکام کو ہدایت کی کہ عوامی مسائل کے حل کے لیے فوری اقدامات کیے جائیں۔ اجلاس میں تعلیم، صحت اور مواصلات کے شعبوں میں جاری کاموں پر تفصیلی بریفنگ دی گئی۔ وزیر اعلیٰ نے کہا کہ حکومت عوام کی فلاح و بہبود کے لیے تمام وسائل بروئے کار لا رہی ہے اور کسی قسم کی غفلت برداشت نہیں کی جائے گی۔ اس موقع پر مقامی نمائندوں نے بھی اپنے علاقوں کے مسائل سے آگاہ کیا۔ کمیشن نے گلگت بلتستان کے مختلف علاقوں میں ترقیاتی منصوبوں کا جائزہ لیا اور متعلقہ حکام کو ہدایت کی کہ عوامی مسائل کے حل کے لیے فوری اقدامات کیے جائیں۔ اجلاس میں تعلیم، صحت اور مواصلات کے شعبوں میں جاری کاموں پر تفصیلی بریفنگ دی گئی۔ وزیر اعلیٰ نے کہا کہ حکومت عوام کی فلاح و بہبود کے لیے تمام وسائل بروئے کار لا رہی ہے اور کسی قسم کی غفلت برداشت نہیں کی جائے گی۔ اس موقع پر مقامی
49
کمیشن نے گلگت بلتستان کے مختلف علاقوں میں ترقیاتی منصوبوں کا جائزہ لیا اور متعلقہ حکام کو ہدایت کی کہ عوامی مسائل کے حل کے لیے فوری اقدامات کیے جائیں۔ اجلاس میں تعلیم، صحت اور مواصلات کے شعبوں میں جاری کاموں پر تفصیلی بریفنگ دی گئی۔ وزیر اعلیٰ نے کہا کہ حکومت عوام کی فلاح و بہبود کے لیے تمام وسائل بروئے کار لا رہی ہے اور کسی قسم کی غفلت برداشت نہیں کی جائے گی۔ اس موقع پر مقامی نمائندوں نے بھی اپنے علاقوں کے مسائل سے آگاہ کیا۔ کمیشن نے گلگت بلتستان کے مختلف علاقوں میں ترقیاتی منصوبوں کا جائزہ لیا اور متعلقہ حکام کو ہدایت کی کہ عوامی مسائل کے حل کے لیے فوری اقدامات کیے جائیں۔ اجلاس میں تعلیم، صحت اور مواصلات کے شعبوں میں جاری کاموں پر تفصیلی بریفنگ دی گئی۔ وزیر اعلیٰ نے کہا کہ حکومت عوام کی فلاح و بہبود کے لیے تمام وسائل بروئے کار لا رہی ہے اور کسی قسم کی غفلت برداشت نہیں کی جائے گی۔ اس موقع پر مقامی نمائندوں نے بھی اپنے علاقوں کے مسائل سے آگاہ کیا۔ کمیشن نے گلگت بلتستان کے مختلف علاقوں میں ترقیاتی منصوبوں کا جائزہ لیا اور متعلقہ حکام کو ہدایت کی کہ عوامی مسائل کے حل کے لیے فوری اقدامات کیے جائیں۔ اجلاس میں تعلیم، صحت اور مواصلات کے شعبوں میں جاری کاموں پر تفصیلی بریفنگ دی گئی۔ وزیر اعلیٰ نے کہا کہ حکومت عوام کی فلاح و بہبود کے لیے تمام وسائل بروئے کار لا رہی ہے اور کسی قسم کی غفلت برداشت نہیں کی جائے گی۔ اس موقع پر مقامی نمائندوں نے بھی اپنے علاقوں کے مسائل سے آگاہ کیا۔ کمیشن نے گلگت بلتستان کے مختلف علاقوں میں ترقیاتی منصوبوں کا جائزہ لیا اور متعلقہ حکام کو ہدایت کی کہ عوامی مسائل کے حل کے لیے فوری اقدامات کیے جائیں۔ اجلاس میں تعلیم، صحت اور مواصلات کے شعبوں میں جاری کاموں پر تفصیلی بریفنگ دی گئی۔ وزیر اعلیٰ نے کہا کہ حکومت عوام کی فلاح و بہبود کے لیے تمام وسائل بروئے کار لا رہی ہے اور کسی قسم کی غفلت برداشت نہیں کی جائے گی۔ اس موقع پر مقامی نمائندوں نے بھی اپنے علاقوں کے مسائل سے آگاہ کیا۔ کمیشن نے گلگت بلتستان کے مختلف علاقوں میں ترقیاتی منصوبوں کا جائزہ لیا اور متعلقہ حکام کو ہدایت کی کہ عوامی مسائل کے حل کے لیے فوری اقدامات کیے جائیں۔ اجلاس میں تعلیم، صحت اور مواصلات کے شعبوں میں جاری کاموں پر تفصیلی بریفنگ دی گئی۔ وزیر اعلیٰ نے کہا کہ حکومت عوام کی فلاح و بہبود کے لیے تمام وسائل بروئے کار لا رہی ہے اور کسی قسم کی غفلت برداشت نہیں کی جائے گی۔ اس موقع پر مقامی نمائندوں نے بھی اپنے علاقوں کے مسائل سے آگاہ کیا۔ کمیشن نے گلگت بلتستان کے مختلف علاقوں میں ترقیاتی منصوبوں کا جائزہ لیا اور متعلقہ حکام کو ہدایت کی کہ عوامی مسائل کے حل کے لیے فوری اقدامات کیے جائیں۔ اجلاس میں تعلیم، صحت اور مواصلات کے شعبوں میں جاری کاموں پر تفصیلی بریفنگ دی گئی۔ وزیر اعلیٰ نے کہا کہ حکومت عوام کی فلاح و بہبود کے لیے تمام وسائل بروئے کار لا رہی ہے اور کسی قسم کی غفلت برداشت نہیں کی جائے گی۔ اس موقع پر مقامی نمائندوں نے بھی اپنے علاقوں کے مسائل سے آگاہ کیا۔
50
کمیشن نے گلگت بلتستان کے مختلف علاقوں میں ترقیاتی منصوبوں کا جائزہ لیا اور متعلقہ حکام کو ہدایت کی کہ عوامی مسائل کے حل کے لیے فوری اقدامات کیے جائیں۔ اجلاس میں تعلیم، صحت اور مواصلات کے شعبوں میں جاری کاموں پر تفصیلی بریفنگ دی گئی۔ وزیر اعلیٰ نے کہا کہ حکومت عوام کی فلاح و بہبود کے لیے تمام وسائل بروئے کار لا رہی ہے اور کسی قسم کی غفلت برداشت نہیں کی جائے گی۔ اس موقع پر مقامی نمائندوں نے بھی اپنے علاقوں کے مسائل سے آگاہ کیا۔ کمیشن نے گلگت بلتستان کے مختلف علاقوں میں ترقیاتی منصوبوں کا جائزہ لیا اور متعلقہ حکام کو ہدایت کی کہ عوامی مسائل کے حل کے لیے فوری اقدامات کیے جائیں۔ اجلاس میں تعلیم، صحت اور مواصلات کے شعبوں میں جاری کاموں پر تفصیلی بریفنگ دی گئی۔ وزیر اعلیٰ نے کہا کہ حکومت عوام کی فلاح و بہبود کے لیے تمام وسائل بروئے کار لا رہی ہے اور کسی قسم کی غفلت برداشت نہیں کی جائے گی۔ اس موقع پر مقامی نمائندوں نے بھی اپنے علاقوں کے مسائل سے آگاہ کیا۔ کمیشن نے گلگت بلتستان کے مختلف علاقوں میں ترقیاتی منصوبوں کا جائزہ لیا اور متعلقہ حکام کو ہدایت کی کہ عوامی مسائل کے حل کے لیے فوری اقدامات کیے جائیں۔ اجلاس میں تعلیم، صحت اور مواصلات کے شعبوں میں جاری کاموں پر تفصیلی بریفنگ دی گئی۔ وزیر اعلیٰ نے کہا کہ حکومت عوام کی فلاح و بہبود کے لیے تمام وسائل بروئے کار لا رہی ہے اور کسی قسم کی غفلت برداشت نہیں کی جائے گی۔ اس موقع پر مقامی نمائندوں نے بھی اپنے علاقوں کے مسائل سے آگاہ کیا۔ کمیشن نے گلگت بلتستان کے مختلف علاقوں میں ترقیاتی منصوبوں کا جائزہ لیا اور متعلقہ حکام کو ہدایت کی کہ عوامی مسائل کے حل کے لیے فوری اقدامات کیے جائیں۔ اجلاس میں تعلیم، صحت اور مواصلات کے شعبوں میں جاری کاموں پر تفصیلی بریفنگ دی گئی۔ وزیر اعلیٰ نے کہا کہ حکومت عوام کی فلاح و بہبود کے لیے تمام وسائل بروئے کار لا رہی ہے اور کسی قسم کی غفلت برداشت نہیں کی جائے گی۔ اس موقع پر مقامی نمائندوں نے بھی اپنے علاقوں کے مسائل سے آگاہ کیا۔ کمیشن نے گلگت بلتستان کے مختلف علاقوں میں ترقیاتی منصوبوں کا جائزہ لیا اور متعلقہ حکام کو ہدایت کی کہ عوامی مسائل کے حل کے لیے فوری اقدامات کیے جائیں۔ اجلاس میں تعلیم، صحت اور مواصلات کے شعبوں میں جاری کاموں پر تفصیلی بریفنگ دی گئی۔ وزیر اعلیٰ نے کہا کہ حکومت عوام کی فلاح و بہبود کے لیے تمام وسائل بروئے کار لا رہی ہے اور کسی قسم کی غفلت برداشت نہیں کی جائے گی۔ اس موقع پر مقامی نمائندوں نے بھی اپنے علاقوں کے مسائل سے آگاہ کیا۔ کمیشن نے گلگت بلتستان کے مختلف علاقوں میں ترقیاتی منصوبوں کا جائزہ لیا اور متعلقہ حکام کو ہدایت کی کہ عوامی مسائل کے حل کے لیے فوری اقدامات کیے جائیں۔ اجلاس میں تعلیم، صحت اور مواصلات کے شعبوں میں جاری کاموں پر تفصیلی بریفنگ دی گئی۔ وزیر اعلیٰ نے کہا کہ حکومت عوام کی فلاح و بہبود کے لیے تمام وسائل بروئے کار لا رہی ہے اور کسی قسم کی غفلت برداشت نہیں کی جائے گی۔ اس موقع پر مقامی نمائندوں نے بھی اپنے علاقوں کے مسائل سے آگاہ کیا۔
51
کمیشن نے گلگت بلتستان کے مختلف علاقوں میں ترقیاتی منصوبوں کا جائزہ لیا اور متعلقہ حکام کو ہدایت کی کہ عوامی مسائل کے حل کے لیے فوری اقدامات کیے جائیں۔ اجلاس میں تعلیم، صحت اور مواصلات کے شعبوں میں جاری کاموں پر تفصیلی بریفنگ دی گئی۔ وزیر اعلیٰ نے کہا کہ حکومت عوام کی فلاح و بہبود کے لیے تمام وسائل بروئے کار لا رہی ہے اور کسی قسم کی غفلت برداشت نہیں کی جائے گی۔ اس موقع پر مقامی نمائندوں نے بھی اپنے علاقوں کے مسائل سے آگاہ کیا۔ کمیشن نے گلگت بلتستان کے مختلف علاقوں میں ترقیاتی منصوبوں کا جائزہ لیا اور متعلقہ حکام کو ہدایت کی کہ عوامی مسائل کے حل کے لیے فوری اقدامات کیے جائیں۔ اجلاس میں تعلیم، صحت اور مواصلات کے شعبوں میں جاری کاموں پر تفصیلی بریفنگ دی گئی۔ وزیر اعلیٰ نے کہا کہ حکومت عوام کی فلاح و بہبود کے لیے تمام وسائل بروئے کار لا رہی ہے اور کسی قسم کی غفلت برداشت نہیں کی جائے گی۔ اس موقع پر مقامی نمائندوں نے بھی اپنے علاقوں کے مسائل سے آگاہ کیا۔ کمیشن نے گلگت بلتستان کے مختلف علاقوں میں ترقیاتی منصوبوں کا جائزہ لیا اور متعلقہ حکام کو ہدایت کی کہ عوامی مسائل کے حل کے لیے فوری اقدامات کیے جائیں۔ اجلاس میں تعلیم، صحت اور مواصلات کے شعبوں میں جاری کاموں پر تفصیلی بریفنگ دی گئی۔ وزیر اعلیٰ نے کہا کہ حکومت عوام کی فلاح و بہبود کے لیے تمام وسائل بروئے کار لا رہی ہے اور کسی قسم کی غفلت برداشت نہیں کی جائے گی۔ اس موقع پر مقامی نمائندوں نے بھی اپنے علاقوں کے مسائل سے آگاہ کیا۔ کمیشن نے گلگت بلتستان کے مختلف علاقوں میں ترقیاتی منصوبوں کا جائزہ لیا اور متعلقہ حکام کو ہدایت کی کہ عوامی مسائل کے حل کے لیے فوری اقدامات کیے جائیں۔ اجلاس میں تعلیم، صحت اور مواصلات کے شعبوں میں جاری کاموں پر تفصیلی بریفنگ دی گئی۔ وزیر اعلیٰ نے کہا کہ حکومت عوام کی فلاح و بہبود کے لیے تمام وسائل بروئے کار لا رہی ہے اور کسی قسم کی غفلت برداشت نہیں کی جائے گی۔ اس موقع پر مقامی نمائندوں نے بھی اپنے علاقوں کے مسائل سے آگاہ کیا۔ کمیشن نے گلگت بلتستان کے مختلف علاقوں میں ترقیاتی منصوبوں کا جائزہ لیا اور متعلقہ حکام کو ہدایت کی کہ عوامی مسائل کے حل کے لیے فوری اقدامات کیے جائیں۔ اجلاس میں تعلیم، صحت اور مواصلات کے شعبوں میں جاری کاموں پر تفصیلی بریفنگ دی گئی۔ وزیر اعلیٰ نے کہا کہ حکومت عوام کی فلاح و بہبود کے لیے تمام وسائل بروئے کار لا رہی ہے اور کسی قسم کی غفلت برداشت نہیں کی جائے گی۔ اس موقع پر مقامی نمائندوں نے بھی اپنے علاقوں کے مسائل سے آگاہ کیا۔ کمیشن نے گلگت بلتستان کے مختلف علاقوں میں ترقیاتی منصوبوں کا جائزہ لیا اور متعلقہ حکام کو ہدایت کی کہ عوامی مسائل کے حل کے لیے فوری اقدامات کیے جائیں۔ اجلاس میں تعلیم، صحت اور مواصلات کے شعبوں میں جاری کاموں پر تفصیلی بریفنگ دی گئی۔ وزیر اعلیٰ نے کہا کہ حکومت عوام کی فلاح و بہبود کے لیے تمام وسائل بروئے کار لا رہی ہے اور کسی قسم کی غفلت برداشت نہیں کی جائے گی۔ اس موقع پر مقامی نمائندوں نے بھی اپنے علاقوں کے مسائل سے آگاہ کیا۔
52
کمیشن نے گلگت بلتستان کے مختلف علاقوں میں ترقیاتی منصوبوں کا جائزہ لیا اور متعلقہ حکام کو ہدایت کی کہ عوامی مسائل کے حل کے لیے فوری اقدامات کیے جائیں۔ اجلاس میں تعلیم، صحت اور مواصلات کے شعبوں میں جاری کاموں پر تفصیلی بریفنگ دی گئی۔ وزیر اعلیٰ نے کہا کہ حکومت عوام کی فلاح و بہبود کے لیے تمام وسائل بروئے کار لا رہی ہے اور کسی قسم کی غفلت برداشت نہیں کی جائے گی۔ اس موقع پر مقامی نمائندوں نے بھی اپنے علاقوں کے مسائل سے آگاہ کیا۔ کمیشن نے گلگت بلتستان کے مختلف علاقوں میں ترقیاتی منصوبوں کا جائزہ لیا اور متعلقہ حکام کو ہدایت کی کہ عوامی مسائل کے حل کے لیے فوری اقدامات کیے جائیں۔ اجلاس میں تعلیم، صحت اور مواصلات کے شعبوں میں جاری کاموں پر تفصیلی بریفنگ دی گئی۔ وزیر اعلیٰ نے کہا کہ حکومت عوام کی فلاح و بہبود کے لیے تمام وسائل بروئے کار لا رہی ہے اور کسی قسم کی غفلت برداشت نہیں کی جائے گی۔ اس موقع پر مقامی نمائندوں نے بھی اپنے علاقوں کے مسائل سے آگاہ کیا۔ کمیشن نے گلگت بلتستان کے مختلف علاقوں میں ترقیاتی منصوبوں کا جائزہ لیا اور متعلقہ حکام کو ہدایت کی کہ عوامی مسائل کے حل کے لیے فوری اقدامات کیے جائیں۔ اجلاس میں تعلیم، صحت اور مواصلات کے شعبوں میں جاری کاموں پر تفصیلی بریفنگ دی گئی۔ وزیر اعلیٰ نے کہا کہ حکومت عوام کی فلاح و بہبود کے لیے تمام وسائل بروئے کار لا رہی ہے اور کسی قسم کی غفلت برداشت نہیں کی جائے گی۔ اس موقع پر مقامی نمائندوں نے بھی اپنے علاقوں کے مسائل سے آگاہ کیا۔ کمیشن نے گلگت بلتستان کے مختلف علاقوں میں ترقیاتی منصوبوں کا جائزہ لیا اور متعلقہ حکام کو ہدایت کی کہ عوامی مسائل کے حل کے لیے فوری اقدامات کیے جائیں۔ اجلاس میں تعلیم، صحت اور مواصلات کے شعبوں میں جاری کاموں پر تفصیلی بریفنگ دی گئی۔ وزیر اعلیٰ نے کہا کہ حکومت عوام کی فلاح و بہبود کے لیے تمام وسائل بروئے کار لا رہی ہے اور کسی قسم کی غفلت برداشت نہیں کی جائے گی۔ اس موقع پر مقامی نمائندوں نے بھی اپنے علاقوں کے مسائل سے آگاہ کیا۔ کمیشن نے گلگت بلتستان کے مختلف علاقوں میں ترقیاتی منصوبوں کا جائزہ لیا اور متعلقہ حکام کو ہدایت کی کہ عوامی مسائل کے حل کے لیے فوری اقدامات کیے جائیں۔ اجلاس میں تعلیم، صحت اور مواصلات کے شعبوں میں جاری کاموں پر تفصیلی بریفنگ دی گئی۔ وزیر اعلیٰ نے کہا کہ حکومت عوام کی فلاح و بہبود کے لیے تمام وسائل بروئے کار لا رہی ہے اور کسی قسم کی غفلت برداشت نہیں کی جائے گی۔ اس موقع پر مقامی
60
کمیشن نے گلگت بلتستان کے مختلف علاقوں میں ترقیاتی منصوبوں کا جائزہ لیا اور متعلقہ حکام کو ہدایت کی کہ عوامی مسائل کے حل کے لیے فوری اقدامات کیے جائیں۔ اجلاس میں تعلیم، صحت اور مواصلات کے شعبوں میں جاری کاموں پر تفصیلی بریفنگ دی گئی۔ وزیر اعلیٰ نے کہا کہ حکومت عوام کی فلاح و بہبود کے لیے تمام وسائل بروئے کار لا رہی ہے اور کسی قسم کی غفلت برداشت نہیں کی جائے گی۔ اس موقع پر مقامی نمائندوں نے بھی اپنے علاقوں کے مسائل سے آگاہ کیا۔ کمیشن نے گلگت بلتستان کے مختلف علاقوں میں ترقیاتی منصوبوں کا جائزہ لیا اور متعلقہ حکام کو ہدایت کی کہ عوامی مسائل کے حل کے لیے فوری اقدامات کیے جائیں۔ اجلاس میں تعلیم، صحت اور مواصلات کے شعبوں میں جاری کاموں پر تفصیلی بریفنگ دی گئی۔ وزیر اعلیٰ نے کہا کہ حکومت عوام کی فلاح و بہبود کے لیے تمام وسائل بروئے کار لا رہی ہے اور کسی قسم کی غفلت برداشت نہیں کی جائے گی۔ اس موقع پر مقامی نمائندوں نے بھی اپنے علاقوں کے مسائل سے آگاہ کیا۔ کمیشن نے گلگت بلتستان کے مختلف علاقوں میں ترقیاتی منصوبوں کا جائزہ لیا اور متعلقہ حکام کو ہدایت کی کہ عوامی مسائل کے حل کے لیے فوری اقدامات کیے جائیں۔ اجلاس میں تعلیم، صحت اور مواصلات کے شعبوں میں جاری کاموں پر تفصیلی بریفنگ دی گئی۔ وزیر اعلیٰ نے کہا کہ حکومت عوام کی فلاح و بہبود کے لیے تمام وسائل بروئے کار لا رہی ہے اور کسی قسم کی غفلت برداشت نہیں کی جائے گی۔ اس موقع پر مقامی نمائندوں نے بھی اپنے علاقوں کے مسائل سے آگاہ کیا۔ کمیشن نے گلگت بلتستان کے مختلف علاقوں میں ترقیاتی منصوبوں کا جائزہ لیا اور متعلقہ حکام کو ہدایت کی کہ عوامی مسائل کے حل کے لیے فوری اقدامات کیے جائیں۔ اجلاس میں تعلیم، صحت اور مواصلات کے شعبوں میں جاری کاموں پر تفصیلی بریفنگ دی گئی۔ وزیر اعلیٰ نے کہا کہ حکومت عوام کی فلاح و بہبود کے لیے تمام وسائل بروئے کار لا رہی ہے اور کسی قسم کی غفلت برداشت نہیں کی جائے گی۔ اس موقع پر مقامی نمائندوں نے بھی اپنے علاقوں کے مسائل سے آگاہ کیا۔ کمیشن نے گلگت بلتستان کے مختلف علاقوں میں ترقیاتی منصوبوں کا جائزہ لیا اور متعلقہ حکام کو ہدایت کی کہ عوامی مسائل کے حل کے لیے فوری اقدامات کیے جائیں۔ اجلاس میں تعلیم، صحت اور مواصلات کے شعبوں میں جاری کاموں پر تفصیلی بریفنگ دی گئی۔ وزیر اعلیٰ نے کہا کہ حکومت عوام کی فلاح و بہبود کے لیے تمام وسائل بروئے کار لا رہی ہے اور کسی قسم کی غفلت برداشت نہیں کی جائے گی۔ اس موقع پر مقامی نمائندوں نے بھی اپنے علاقوں کے مسائل سے آگاہ کیا۔ کمیشن نے گلگت بلتستان کے مختلف علاقوں میں ترقیاتی منصوبوں کا جائزہ لیا اور متعلقہ حکام کو ہدایت کی کہ عوامی مسائل کے حل کے لیے فوری اقدامات کیے جائیں۔ اجلاس میں تعلیم، صحت اور مواصلات کے شعبوں میں جاری کاموں پر تفصیلی بریفنگ دی گئی۔ وزیر اعلیٰ نے کہا کہ حکومت عوام کی فلاح و بہبود کے لیے تمام وسائل بروئے کار لا رہی ہے اور کسی قسم کی غفلت برداشت نہیں کی جائے گی۔ اس موقع پر مقامی نمائندوں نے بھی اپنے علاقوں کے مسائل سے آگاہ کیا۔
61
کمیشن نے گلگت بلتستان کے مختلف علاقوں میں ترقیاتی منصوبوں کا جائزہ لیا اور متعلقہ حکام کو ہدایت کی کہ عوامی مسائل کے حل کے لیے فوری اقدامات کیے جائیں۔ اجلاس میں تعلیم، صحت اور مواصلات کے شعبوں میں جاری کاموں پر تفصیلی بریفنگ دی گئی۔ وزیر اعلیٰ نے کہا کہ حکومت عوام کی فلاح و بہبود کے لیے تمام وسائل بروئے کار لا رہی ہے اور کسی قسم کی غفلت برداشت نہیں کی جائے گی۔ اس موقع پر مقامی نمائندوں نے بھی اپنے علاقوں کے مسائل سے آگاہ کیا۔ کمیشن نے گلگت بلتستان کے مختلف علاقوں میں ترقیاتی منصوبوں کا جائزہ لیا اور متعلقہ حکام کو ہدایت کی کہ عوامی مسائل کے حل کے لیے فوری اقدامات کیے جائیں۔ اجلاس میں تعلیم، صحت اور مواصلات کے شعبوں میں جاری کاموں پر تفصیلی بریفنگ دی گئی۔ وزیر اعلیٰ نے کہا کہ حکومت عوام کی فلاح و بہبود کے لیے تمام وسائل بروئے کار لا رہی ہے اور کسی قسم کی غفلت برداشت نہیں کی جائے گی۔ اس موقع پر مقامی نمائندوں نے بھی اپنے علاقوں کے مسائل سے آگاہ کیا۔ کمیشن نے گلگت بلتستان کے مختلف علاقوں میں ترقیاتی منصوبوں کا جائزہ لیا اور متعلقہ حکام کو ہدایت کی کہ عوامی مسائل کے حل کے لیے فوری اقدامات کیے جائیں۔ اجلاس میں تعلیم، صحت اور مواصلات کے شعبوں میں جاری کاموں پر تفصیلی بریفنگ دی گئی۔ وزیر اعلیٰ نے کہا کہ حکومت عوام کی فلاح و بہبود کے لیے تمام وسائل بروئے کار لا رہی ہے اور کسی قسم کی غفلت برداشت نہیں کی جائے گی۔ اس موقع پر مقامی نمائندوں نے بھی اپنے علاقوں کے مسائل سے آگاہ کیا۔ کمیشن نے گلگت بلتستان کے مختلف علاقوں میں ترقیاتی منصوبوں کا جائزہ لیا اور متعلقہ حکام کو ہدایت کی کہ عوامی مسائل کے حل کے لیے فوری اقدامات کیے جائیں۔ اجلاس میں تعلیم، صحت اور مواصلات کے شعبوں میں جاری کاموں پر تفصیلی بریفنگ دی گئی۔ وزیر اعلیٰ نے کہا کہ حکومت عوام کی فلاح و بہبود کے لیے تمام وسائل بروئے کار لا رہی ہے اور کسی قسم کی غفلت برداشت نہیں کی جائے گی۔ اس موقع پر مقامی نمائندوں نے بھی اپنے علاقوں کے مسائل سے آگاہ کیا۔ کمیشن نے گلگت بلتستان کے مختلف علاقوں میں ترقیاتی منصوبوں کا جائزہ لیا اور متعلقہ حکام کو ہدایت کی کہ عوامی مسائل کے حل کے لیے فوری اقدامات کیے جائیں۔ اجلاس میں تعلیم، صحت اور مواصلات کے شعبوں میں جاری کاموں پر تفصیلی بریفنگ دی گئی۔ وزیر اعلیٰ نے کہا کہ حکومت عوام کی فلاح و بہبود کے لیے تمام وسائل بروئے کار لا رہی ہے اور کسی قسم کی غفلت برداشت نہیں کی جائے گی۔ اس موقع پر مقامی نمائندوں نے بھی اپنے علاقوں کے مسائل سے آگاہ کیا۔ کمیشن نے گلگت بلتستان کے مختلف علاقوں میں ترقیاتی منصوبوں کا جائزہ لیا اور متعلقہ حکام کو ہدایت کی کہ عوامی مسائل کے حل کے لیے فوری اقدامات کیے جائیں۔ اجلاس میں تعلیم، صحت اور مواصلات کے شعبوں میں جاری کاموں پر تفصیلی بریفنگ دی گئی۔ وزیر اعلیٰ نے کہا کہ حکومت عوام کی فلاح و بہبود کے لیے تمام وسائل بروئے کار لا رہی ہے اور کسی قسم کی غفلت برداشت نہیں کی جائے گی۔ اس موقع پر مقامی نمائندوں نے بھی اپنے علاقوں کے مسائل سے آگاہ کیا۔
62
کمیشن نے گلگت بلتستان کے مختلف علاقوں میں ترقیاتی منصوبوں کا جائزہ لیا اور متعلقہ حکام کو ہدایت کی کہ عوامی مسائل کے حل کے لیے فوری اقدامات کیے جائیں۔ اجلاس میں تعلیم، صحت اور مواصلات کے شعبوں میں جاری کاموں پر تفصیلی بریفنگ دی گئی۔ وزیر اعلیٰ نے کہا کہ حکومت عوام کی فلاح و بہبود کے لیے تمام وسائل بروئے کار لا رہی ہے اور کسی قسم کی غفلت برداشت نہیں کی جائے گی۔ اس موقع پر مقامی نمائندوں نے بھی اپنے علاقوں کے مسائل سے آگاہ کیا۔ کمیشن نے گلگت بلتستان کے مختلف علاقوں میں ترقیاتی منصوبوں کا جائزہ لیا اور متعلقہ حکام کو ہدایت کی کہ عوامی مسائل کے حل کے لیے فوری اقدامات کیے جائیں۔ اجلاس میں تعلیم، صحت اور مواصلات کے شعبوں میں جاری کاموں پر تفصیلی بریفنگ دی گئی۔ وزیر اعلیٰ نے کہا کہ حکومت عوام کی فلاح و بہبود کے لیے تمام وسائل بروئے کار لا رہی ہے اور کسی قسم کی غفلت برداشت نہیں کی جائے گی۔ اس موقع پر مقامی نمائندوں نے بھی اپنے علاقوں کے مسائل سے آگاہ کیا۔ کمیشن نے گلگت بلتستان کے مختلف علاقوں میں ترقیاتی منصوبوں کا جائزہ لیا اور متعلقہ حکام کو ہدایت کی کہ عوامی مسائل کے حل کے لیے فوری اقدامات کیے جائیں۔ اجلاس میں تعلیم، صحت اور مواصلات کے شعبوں میں جاری کاموں پر تفصیلی بریفنگ دی گئی۔ وزیر اعلیٰ نے کہا کہ حکومت عوام کی فلاح و بہبود کے لیے تمام وسائل بروئے کار لا رہی ہے اور کسی قسم کی غفلت برداشت نہیں کی جائے گی۔ اس موقع پر مقامی نمائندوں نے بھی اپنے علاقوں کے مسائل سے آگاہ کیا۔ کمیشن نے گلگت بلتستان کے مختلف علاقوں میں ترقیاتی منصوبوں کا جائزہ لیا اور متعلقہ حکام کو ہدایت کی کہ عوامی مسائل کے حل کے لیے فوری اقدامات کیے جائیں۔ اجلاس میں تعلیم، صحت اور مواصلات کے شعبوں میں جاری کاموں پر تفصیلی بریفنگ دی گئی۔ وزیر اعلیٰ نے کہا کہ حکومت عوام کی فلاح و بہبود کے لیے تمام وسائل بروئے کار لا رہی ہے اور کسی قسم کی غفلت برداشت نہیں کی جائے گی۔ اس موقع پر مقامی نمائندوں نے بھی اپنے علاقوں کے مسائل سے آگاہ کیا۔ کمیشن نے گلگت بلتستان کے مختلف علاقوں میں ترقیاتی منصوبوں کا جائزہ لیا اور متعلقہ حکام کو ہدایت کی کہ عوامی مسائل کے حل کے لیے فوری اقدامات کیے جائیں۔ اجلاس میں تعلیم، صحت اور مواصلات کے شعبوں میں جاری کاموں پر تفصیلی بریفنگ دی گئی۔ وزیر اعلیٰ نے کہا کہ حکومت عوام کی فلاح و بہبود کے لیے تمام وسائل بروئے کار لا رہی ہے اور کسی قسم کی غفلت برداشت نہیں کی جائے گی۔ اس موقع پر مقامی نمائندوں نے بھی اپنے علاقوں کے مسائل سے آگاہ کیا۔ کمیشن نے گلگت بلتستان کے مختلف علاقوں میں ترقیاتی منصوبوں کا جائزہ لیا اور متعلقہ حکام کو ہدایت کی کہ عوامی مسائل کے حل کے لیے فوری اقدامات کیے جائیں۔ اجلاس میں تعلیم، صحت اور مواصلات کے شعبوں میں جاری کاموں پر تفصیلی بریفنگ دی گئی۔ وزیر اعلیٰ نے کہا کہ حکومت عوام کی فلاح و بہبود کے لیے تمام وسائل بروئے کار لا رہی ہے اور کسی قسم کی غفلت برداشت نہیں کی جائے گی۔ اس موقع پر مقامی نمائندوں نے بھی اپنے علاقوں کے مسائل سے آگاہ کیا۔
63
کمیشن نے گلگت بلتستان کے مختلف علاقوں میں ترقیاتی منصوبوں کا جائزہ لیا اور متعلقہ حکام کو ہدایت کی کہ عوامی مسائل کے حل کے لیے فوری اقدامات کیے جائیں۔ اجلاس میں تعلیم، صحت اور مواصلات کے شعبوں میں جاری کاموں پر تفصیلی بریفنگ دی گئی۔ وزیر اعلیٰ نے کہا کہ حکومت عوام کی فلاح و بہبود کے لیے تمام وسائل بروئے کار لا رہی ہے اور کسی قسم کی غفلت برداشت نہیں کی جائے گی۔ اس موقع پر مقامی نمائندوں نے بھی اپنے علاقوں کے مسائل سے آگاہ کیا۔ کمیشن نے گلگت بلتستان کے مختلف علاقوں میں ترقیاتی منصوبوں کا جائزہ لیا اور متعلقہ حکام کو ہدایت کی کہ عوامی مسائل کے حل کے لیے فوری اقدامات کیے جائیں۔ اجلاس میں تعلیم، صحت اور مواصلات کے شعبوں میں جاری کاموں پر تفصیلی بریفنگ دی گئی۔ وزیر اعلیٰ نے کہا کہ حکومت عوام کی فلاح و بہبود کے لیے تمام وسائل بروئے کار لا رہی ہے اور کسی قسم کی غفلت برداشت نہیں کی جائے گی۔ اس موقع پر مقامی نمائندوں نے بھی اپنے علاقوں کے مسائل سے آگاہ کیا۔ کمیشن نے گلگت بلتستان کے مختلف علاقوں میں ترقیاتی منصوبوں کا جائزہ لیا اور متعلقہ حکام کو ہدایت کی کہ عوامی مسائل کے حل کے لیے فوری اقدامات کیے جائیں۔ اجلاس میں تعلیم، صحت اور مواصلات کے شعبوں میں جاری کاموں پر تفصیلی بریفنگ دی گئی۔ وزیر اعلیٰ نے کہا کہ حکومت عوام کی فلاح و بہبود کے لیے تمام وسائل بروئے کار لا رہی ہے اور کسی قسم کی غفلت برداشت نہیں کی جائے گی۔ اس موقع پر مقامی نمائندوں نے بھی اپنے علاقوں کے مسائل سے آگاہ کیا۔ کمیشن نے گلگت بلتستان کے مختلف علاقوں میں ترقیاتی منصوبوں کا جائزہ لیا اور متعلقہ حکام کو ہدایت کی کہ عوامی مسائل کے حل کے لیے فوری اقدامات کیے جائیں۔ اجلاس میں تعلیم، صحت اور مواصلات کے شعبوں میں جاری کاموں پر تفصیلی بریفنگ دی گئی۔ وزیر اعلیٰ نے کہا کہ حکومت عوام کی فلاح و بہبود کے لیے تمام وسائل بروئے کار لا رہی ہے اور کسی قسم کی غفلت برداشت نہیں کی جائے گی۔ اس موقع پر مقامی نمائندوں نے بھی اپنے علاقوں کے مسائل سے آگاہ کیا۔ کمیشن نے گلگت بلتستان کے مختلف علاقوں میں ترقیاتی منصوبوں کا جائزہ لیا اور متعلقہ حکام کو ہدایت کی کہ عوامی مسائل کے حل کے لیے فوری اقدامات کیے جائیں۔ اجلاس میں تعلیم، صحت اور مواصلات کے شعبوں میں جاری کاموں پر تفصیلی بریفنگ دی گئی۔ وزیر اعلیٰ نے کہا کہ حکومت عوام کی فلاح و بہبود کے لیے تمام وسائل بروئے کار لا رہی ہے اور کسی قسم کی غفلت برداشت نہیں کی جائے گی۔ اس موقع پر مقامی
